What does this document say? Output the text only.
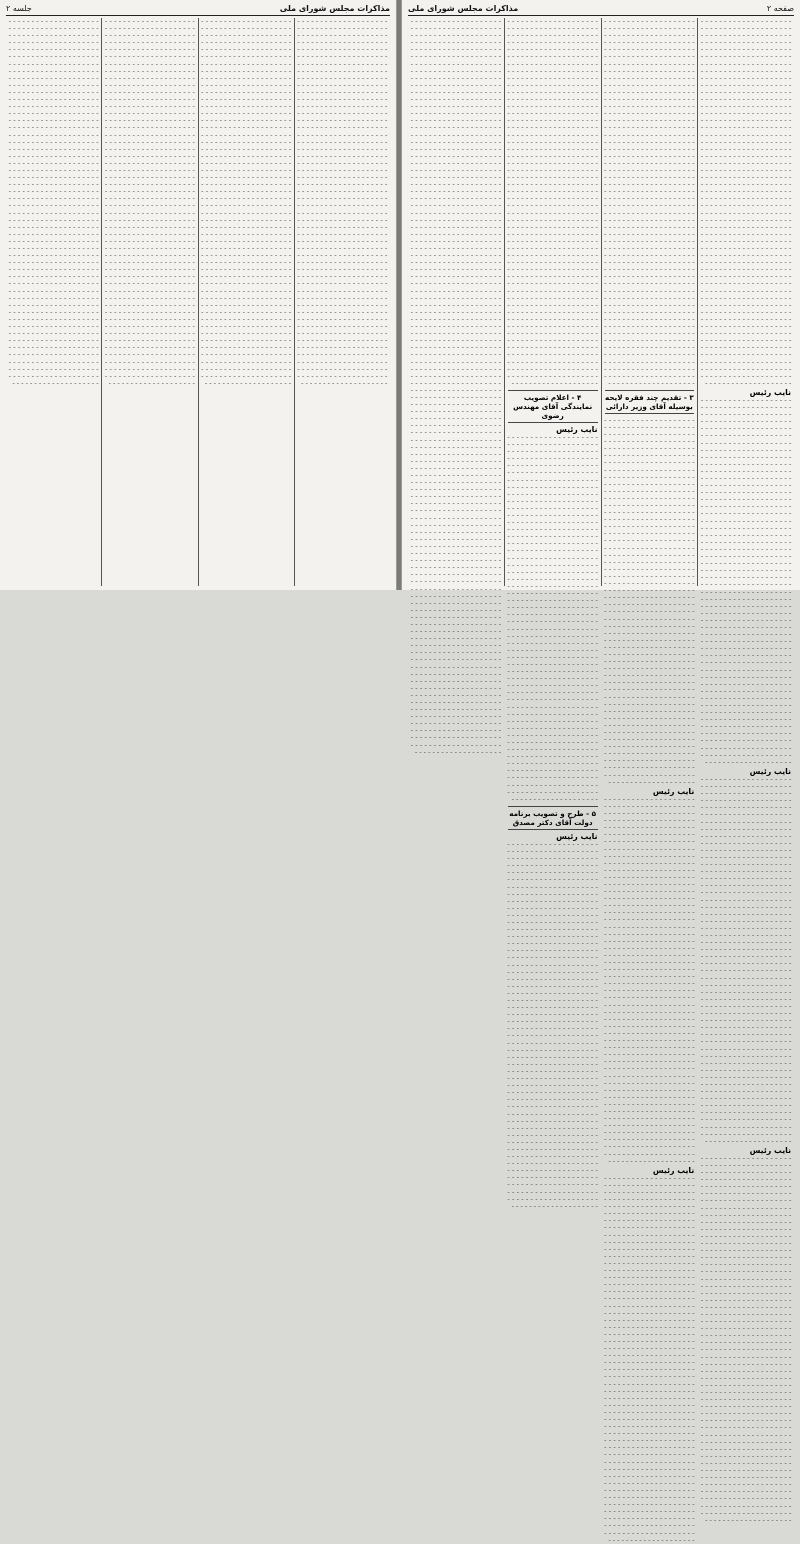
مذاکرات مجلس شورای ملی
جلسه ۲
ـ ـ ـ ـ ـ ـ ـ ـ ـ ـ ـ ـ ـ ـ ـ ـ ـ ـ ـ ـ ـ ـ ـ ـ ـ ـ ـ ـ ـ ـ ـ ـ ـ ـ ـ ـ ـ ـ ـ ـ ـ ـ ـ ـ ـ ـ ـ ـ ـ ـ ـ ـ ـ ـ ـ ـ ـ ـ ـ ـ ـ ـ ـ ـ ـ ـ ـ ـ ـ ـ ـ ـ ـ ـ ـ ـ ـ ـ ـ ـ ـ ـ ـ ـ ـ ـ ـ ـ ـ ـ ـ ـ ـ ـ ـ ـ ـ ـ ـ ـ ـ ـ ـ ـ ـ ـ ـ ـ ـ ـ ـ ـ ـ ـ ـ ـ ـ ـ ـ ـ ـ ـ ـ ـ ـ ـ ـ ـ ـ ـ ـ ـ ـ ـ ـ ـ ـ ـ ـ ـ ـ ـ ـ ـ ـ ـ ـ ـ ـ ـ ـ ـ ـ ـ ـ ـ ـ ـ ـ ـ ـ ـ ـ ـ ـ ـ ـ ـ ـ ـ ـ ـ ـ ـ ـ ـ ـ ـ ـ ـ ـ ـ ـ ـ ـ ـ ـ ـ ـ ـ ـ ـ ـ ـ ـ ـ ـ ـ ـ ـ ـ ـ ـ ـ ـ ـ ـ ـ ـ ـ ـ ـ ـ ـ ـ ـ ـ ـ ـ ـ ـ ـ ـ ـ ـ ـ ـ ـ ـ ـ ـ ـ ـ ـ ـ ـ ـ ـ ـ ـ ـ ـ ـ ـ ـ ـ ـ ـ ـ ـ ـ ـ ـ ـ ـ ـ ـ ـ ـ ـ ـ ـ ـ ـ ـ ـ ـ ـ ـ ـ ـ ـ ـ ـ ـ ـ ـ ـ ـ ـ ـ ـ ـ ـ ـ ـ ـ ـ ـ ـ ـ ـ ـ ـ ـ ـ ـ ـ ـ ـ ـ ـ ـ ـ ـ ـ ـ ـ ـ ـ ـ ـ ـ ـ ـ ـ ـ ـ ـ ـ ـ ـ ـ ـ ـ ـ ـ ـ ـ ـ ـ ـ ـ ـ ـ ـ ـ ـ ـ ـ ـ ـ ـ ـ ـ ـ ـ ـ ـ ـ ـ ـ ـ ـ ـ ـ ـ ـ ـ ـ ـ ـ ـ ـ ـ ـ ـ ـ ـ ـ ـ ـ ـ ـ ـ ـ ـ ـ ـ ـ ـ ـ ـ ـ ـ ـ ـ ـ ـ ـ ـ ـ ـ ـ ـ ـ ـ ـ ـ ـ ـ ـ ـ ـ ـ ـ ـ ـ ـ ـ ـ ـ ـ ـ ـ ـ ـ ـ ـ ـ ـ ـ ـ ـ ـ ـ ـ ـ ـ ـ ـ ـ ـ ـ ـ ـ ـ ـ ـ ـ ـ ـ ـ ـ ـ ـ ـ ـ ـ ـ ـ ـ ـ ـ ـ ـ ـ ـ ـ ـ ـ ـ ـ ـ ـ ـ ـ ـ ـ ـ ـ ـ ـ ـ ـ ـ ـ ـ ـ ـ ـ ـ ـ ـ ـ ـ ـ ـ ـ ـ ـ ـ ـ ـ ـ ـ ـ ـ ـ ـ ـ ـ ـ ـ ـ ـ ـ ـ ـ ـ ـ ـ ـ ـ ـ ـ ـ ـ ـ ـ ـ ـ ـ ـ ـ ـ ـ ـ ـ ـ ـ ـ ـ ـ ـ ـ ـ ـ ـ ـ ـ ـ ـ ـ ـ ـ ـ ـ ـ ـ ـ ـ ـ ـ ـ ـ ـ ـ ـ ـ ـ ـ ـ ـ ـ ـ ـ ـ ـ ـ ـ ـ ـ ـ ـ ـ ـ ـ ـ ـ ـ ـ ـ ـ ـ ـ ـ ـ ـ ـ ـ ـ ـ ـ ـ ـ ـ ـ ـ ـ ـ ـ ـ ـ ـ ـ ـ ـ ـ ـ ـ ـ ـ ـ ـ ـ ـ ـ ـ ـ ـ ـ ـ ـ ـ ـ ـ ـ ـ ـ ـ ـ ـ ـ ـ ـ ـ ـ ـ ـ ـ ـ ـ ـ ـ ـ ـ ـ ـ ـ ـ ـ ـ ـ ـ ـ ـ ـ ـ ـ ـ ـ ـ ـ ـ ـ ـ ـ ـ ـ ـ ـ ـ ـ ـ ـ ـ ـ ـ ـ ـ ـ ـ ـ ـ ـ ـ ـ ـ ـ ـ ـ ـ ـ ـ ـ ـ ـ ـ ـ ـ ـ ـ ـ ـ ـ ـ ـ ـ ـ ـ ـ ـ ـ ـ ـ ـ ـ ـ ـ ـ ـ ـ ـ ـ ـ ـ ـ ـ ـ ـ ـ ـ ـ ـ ـ ـ ـ ـ ـ ـ ـ ـ ـ ـ ـ ـ ـ ـ ـ ـ ـ ـ ـ ـ ـ ـ ـ ـ ـ ـ ـ ـ ـ ـ ـ ـ ـ ـ ـ ـ ـ ـ ـ ـ ـ ـ ـ ـ ـ ـ ـ ـ ـ ـ ـ ـ ـ ـ ـ ـ ـ ـ ـ ـ ـ ـ ـ ـ ـ ـ ـ ـ ـ ـ ـ ـ ـ ـ ـ ـ ـ ـ ـ ـ ـ ـ ـ ـ ـ ـ ـ ـ ـ ـ ـ ـ ـ ـ ـ ـ ـ ـ ـ ـ ـ ـ ـ ـ ـ ـ ـ ـ ـ ـ ـ ـ ـ ـ ـ ـ ـ ـ ـ ـ ـ ـ ـ ـ ـ ـ ـ ـ ـ ـ ـ ـ ـ ـ ـ ـ ـ ـ ـ ـ ـ ـ ـ ـ ـ ـ ـ ـ ـ ـ ـ ـ ـ ـ ـ ـ ـ ـ ـ ـ ـ ـ ـ ـ ـ ـ ـ ـ ـ ـ ـ ـ ـ ـ ـ ـ ـ ـ ـ ـ ـ ـ ـ ـ ـ ـ ـ ـ ـ ـ ـ ـ ـ ـ ـ ـ ـ ـ ـ ـ ـ ـ ـ ـ ـ ـ ـ ـ ـ ـ ـ ـ ـ ـ ـ ـ ـ ـ ـ ـ ـ ـ ـ ـ ـ ـ ـ ـ ـ ـ ـ ـ ـ ـ ـ ـ ـ ـ ـ ـ ـ ـ ـ ـ ـ ـ ـ ـ ـ ـ ـ ـ ـ ـ ـ ـ ـ ـ ـ ـ ـ ـ ـ ـ ـ ـ ـ ـ ـ ـ ـ ـ ـ ـ ـ ـ ـ ـ ـ ـ ـ ـ ـ ـ ـ ـ ـ ـ ـ ـ ـ ـ ـ ـ ـ ـ ـ ـ ـ ـ ـ ـ ـ ـ ـ
ـ ـ ـ ـ ـ ـ ـ ـ ـ ـ ـ ـ ـ ـ ـ ـ ـ ـ ـ ـ ـ ـ ـ ـ ـ ـ ـ ـ ـ ـ ـ ـ ـ ـ ـ ـ ـ ـ ـ ـ ـ ـ ـ ـ ـ ـ ـ ـ ـ ـ ـ ـ ـ ـ ـ ـ ـ ـ ـ ـ ـ ـ ـ ـ ـ ـ ـ ـ ـ ـ ـ ـ ـ ـ ـ ـ ـ ـ ـ ـ ـ ـ ـ ـ ـ ـ ـ ـ ـ ـ ـ ـ ـ ـ ـ ـ ـ ـ ـ ـ ـ ـ ـ ـ ـ ـ ـ ـ ـ ـ ـ ـ ـ ـ ـ ـ ـ ـ ـ ـ ـ ـ ـ ـ ـ ـ ـ ـ ـ ـ ـ ـ ـ ـ ـ ـ ـ ـ ـ ـ ـ ـ ـ ـ ـ ـ ـ ـ ـ ـ ـ ـ ـ ـ ـ ـ ـ ـ ـ ـ ـ ـ ـ ـ ـ ـ ـ ـ ـ ـ ـ ـ ـ ـ ـ ـ ـ ـ ـ ـ ـ ـ ـ ـ ـ ـ ـ ـ ـ ـ ـ ـ ـ ـ ـ ـ ـ ـ ـ ـ ـ ـ ـ ـ ـ ـ ـ ـ ـ ـ ـ ـ ـ ـ ـ ـ ـ ـ ـ ـ ـ ـ ـ ـ ـ ـ ـ ـ ـ ـ ـ ـ ـ ـ ـ ـ ـ ـ ـ ـ ـ ـ ـ ـ ـ ـ ـ ـ ـ ـ ـ ـ ـ ـ ـ ـ ـ ـ ـ ـ ـ ـ ـ ـ ـ ـ ـ ـ ـ ـ ـ ـ ـ ـ ـ ـ ـ ـ ـ ـ ـ ـ ـ ـ ـ ـ ـ ـ ـ ـ ـ ـ ـ ـ ـ ـ ـ ـ ـ ـ ـ ـ ـ ـ ـ ـ ـ ـ ـ ـ ـ ـ ـ ـ ـ ـ ـ ـ ـ ـ ـ ـ ـ ـ ـ ـ ـ ـ ـ ـ ـ ـ ـ ـ ـ ـ ـ ـ ـ ـ ـ ـ ـ ـ ـ ـ ـ ـ ـ ـ ـ ـ ـ ـ ـ ـ ـ ـ ـ ـ ـ ـ ـ ـ ـ ـ ـ ـ ـ ـ ـ ـ ـ ـ ـ ـ ـ ـ ـ ـ ـ ـ ـ ـ ـ ـ ـ ـ ـ ـ ـ ـ ـ ـ ـ ـ ـ ـ ـ ـ ـ ـ ـ ـ ـ ـ ـ ـ ـ ـ ـ ـ ـ ـ ـ ـ ـ ـ ـ ـ ـ ـ ـ ـ ـ ـ ـ ـ ـ ـ ـ ـ ـ ـ ـ ـ ـ ـ ـ ـ ـ ـ ـ ـ ـ ـ ـ ـ ـ ـ ـ ـ ـ ـ ـ ـ ـ ـ ـ ـ ـ ـ ـ ـ ـ ـ ـ ـ ـ ـ ـ ـ ـ ـ ـ ـ ـ ـ ـ ـ ـ ـ ـ ـ ـ ـ ـ ـ ـ ـ ـ ـ ـ ـ ـ ـ ـ ـ ـ ـ ـ ـ ـ ـ ـ ـ ـ ـ ـ ـ ـ ـ ـ ـ ـ ـ ـ ـ ـ ـ ـ ـ ـ ـ ـ ـ ـ ـ ـ ـ ـ ـ ـ ـ ـ ـ ـ ـ ـ ـ ـ ـ ـ ـ ـ ـ ـ ـ ـ ـ ـ ـ ـ ـ ـ ـ ـ ـ ـ ـ ـ ـ ـ ـ ـ ـ ـ ـ ـ ـ ـ ـ ـ ـ ـ ـ ـ ـ ـ ـ ـ ـ ـ ـ ـ ـ ـ ـ ـ ـ ـ ـ ـ ـ ـ ـ ـ ـ ـ ـ ـ ـ ـ ـ ـ ـ ـ ـ ـ ـ ـ ـ ـ ـ ـ ـ ـ ـ ـ ـ ـ ـ ـ ـ ـ ـ ـ ـ ـ ـ ـ ـ ـ ـ ـ ـ ـ ـ ـ ـ ـ ـ ـ ـ ـ ـ ـ ـ ـ ـ ـ ـ ـ ـ ـ ـ ـ ـ ـ ـ ـ ـ ـ ـ ـ ـ ـ ـ ـ ـ ـ ـ ـ ـ ـ ـ ـ ـ ـ ـ ـ ـ ـ ـ ـ ـ ـ ـ ـ ـ ـ ـ ـ ـ ـ ـ ـ ـ ـ ـ ـ ـ ـ ـ ـ ـ ـ ـ ـ ـ ـ ـ ـ ـ ـ ـ ـ ـ ـ ـ ـ ـ ـ ـ ـ ـ ـ ـ ـ ـ ـ ـ ـ ـ ـ ـ ـ ـ ـ ـ ـ ـ ـ ـ ـ ـ ـ ـ ـ ـ ـ ـ ـ ـ ـ ـ ـ ـ ـ ـ ـ ـ ـ ـ ـ ـ ـ ـ ـ ـ ـ ـ ـ ـ ـ ـ ـ ـ ـ ـ ـ ـ ـ ـ ـ ـ ـ ـ ـ ـ ـ ـ ـ ـ ـ ـ ـ ـ ـ ـ ـ ـ ـ ـ ـ ـ ـ ـ ـ ـ ـ ـ ـ ـ ـ ـ ـ ـ ـ ـ ـ ـ ـ ـ ـ ـ ـ ـ ـ ـ ـ ـ ـ ـ ـ ـ ـ ـ ـ ـ ـ ـ ـ ـ ـ ـ ـ ـ ـ ـ ـ ـ ـ ـ ـ ـ ـ ـ ـ ـ ـ ـ ـ ـ ـ ـ ـ ـ ـ ـ ـ ـ ـ ـ ـ ـ ـ ـ ـ ـ ـ ـ ـ ـ ـ ـ ـ ـ ـ ـ ـ ـ ـ ـ ـ ـ ـ ـ ـ ـ ـ ـ ـ ـ ـ ـ ـ ـ ـ ـ ـ ـ ـ ـ ـ ـ ـ ـ ـ ـ ـ ـ ـ ـ ـ ـ ـ ـ ـ ـ ـ ـ ـ ـ ـ ـ ـ ـ ـ ـ ـ ـ ـ ـ ـ ـ ـ ـ ـ ـ ـ ـ ـ ـ ـ ـ ـ ـ ـ ـ ـ ـ ـ ـ ـ ـ ـ ـ ـ ـ ـ ـ ـ ـ ـ ـ ـ ـ ـ ـ ـ ـ ـ ـ ـ ـ ـ ـ ـ ـ ـ ـ ـ ـ ـ ـ ـ ـ ـ ـ ـ ـ ـ ـ ـ ـ ـ ـ ـ ـ ـ ـ ـ ـ ـ ـ ـ ـ ـ ـ ـ ـ ـ ـ ـ ـ ـ ـ ـ ـ ـ ـ ـ ـ ـ ـ ـ ـ ـ ـ
ـ ـ ـ ـ ـ ـ ـ ـ ـ ـ ـ ـ ـ ـ ـ ـ ـ ـ ـ ـ ـ ـ ـ ـ ـ ـ ـ ـ ـ ـ ـ ـ ـ ـ ـ ـ ـ ـ ـ ـ ـ ـ ـ ـ ـ ـ ـ ـ ـ ـ ـ ـ ـ ـ ـ ـ ـ ـ ـ ـ ـ ـ ـ ـ ـ ـ ـ ـ ـ ـ ـ ـ ـ ـ ـ ـ ـ ـ ـ ـ ـ ـ ـ ـ ـ ـ ـ ـ ـ ـ ـ ـ ـ ـ ـ ـ ـ ـ ـ ـ ـ ـ ـ ـ ـ ـ ـ ـ ـ ـ ـ ـ ـ ـ ـ ـ ـ ـ ـ ـ ـ ـ ـ ـ ـ ـ ـ ـ ـ ـ ـ ـ ـ ـ ـ ـ ـ ـ ـ ـ ـ ـ ـ ـ ـ ـ ـ ـ ـ ـ ـ ـ ـ ـ ـ ـ ـ ـ ـ ـ ـ ـ ـ ـ ـ ـ ـ ـ ـ ـ ـ ـ ـ ـ ـ ـ ـ ـ ـ ـ ـ ـ ـ ـ ـ ـ ـ ـ ـ ـ ـ ـ ـ ـ ـ ـ ـ ـ ـ ـ ـ ـ ـ ـ ـ ـ ـ ـ ـ ـ ـ ـ ـ ـ ـ ـ ـ ـ ـ ـ ـ ـ ـ ـ ـ ـ ـ ـ ـ ـ ـ ـ ـ ـ ـ ـ ـ ـ ـ ـ ـ ـ ـ ـ ـ ـ ـ ـ ـ ـ ـ ـ ـ ـ ـ ـ ـ ـ ـ ـ ـ ـ ـ ـ ـ ـ ـ ـ ـ ـ ـ ـ ـ ـ ـ ـ ـ ـ ـ ـ ـ ـ ـ ـ ـ ـ ـ ـ ـ ـ ـ ـ ـ ـ ـ ـ ـ ـ ـ ـ ـ ـ ـ ـ ـ ـ ـ ـ ـ ـ ـ ـ ـ ـ ـ ـ ـ ـ ـ ـ ـ ـ ـ ـ ـ ـ ـ ـ ـ ـ ـ ـ ـ ـ ـ ـ ـ ـ ـ ـ ـ ـ ـ ـ ـ ـ ـ ـ ـ ـ ـ ـ ـ ـ ـ ـ ـ ـ ـ ـ ـ ـ ـ ـ ـ ـ ـ ـ ـ ـ ـ ـ ـ ـ ـ ـ ـ ـ ـ ـ ـ ـ ـ ـ ـ ـ ـ ـ ـ ـ ـ ـ ـ ـ ـ ـ ـ ـ ـ ـ ـ ـ ـ ـ ـ ـ ـ ـ ـ ـ ـ ـ ـ ـ ـ ـ ـ ـ ـ ـ ـ ـ ـ ـ ـ ـ ـ ـ ـ ـ ـ ـ ـ ـ ـ ـ ـ ـ ـ ـ ـ ـ ـ ـ ـ ـ ـ ـ ـ ـ ـ ـ ـ ـ ـ ـ ـ ـ ـ ـ ـ ـ ـ ـ ـ ـ ـ ـ ـ ـ ـ ـ ـ ـ ـ ـ ـ ـ ـ ـ ـ ـ ـ ـ ـ ـ ـ ـ ـ ـ ـ ـ ـ ـ ـ ـ ـ ـ ـ ـ ـ ـ ـ ـ ـ ـ ـ ـ ـ ـ ـ ـ ـ ـ ـ ـ ـ ـ ـ ـ ـ ـ ـ ـ ـ ـ ـ ـ ـ ـ ـ ـ ـ ـ ـ ـ ـ ـ ـ ـ ـ ـ ـ ـ ـ ـ ـ ـ ـ ـ ـ ـ ـ ـ ـ ـ ـ ـ ـ ـ ـ ـ ـ ـ ـ ـ ـ ـ ـ ـ ـ ـ ـ ـ ـ ـ ـ ـ ـ ـ ـ ـ ـ ـ ـ ـ ـ ـ ـ ـ ـ ـ ـ ـ ـ ـ ـ ـ ـ ـ ـ ـ ـ ـ ـ ـ ـ ـ ـ ـ ـ ـ ـ ـ ـ ـ ـ ـ ـ ـ ـ ـ ـ ـ ـ ـ ـ ـ ـ ـ ـ ـ ـ ـ ـ ـ ـ ـ ـ ـ ـ ـ ـ ـ ـ ـ ـ ـ ـ ـ ـ ـ ـ ـ ـ ـ ـ ـ ـ ـ ـ ـ ـ ـ ـ ـ ـ ـ ـ ـ ـ ـ ـ ـ ـ ـ ـ ـ ـ ـ ـ ـ ـ ـ ـ ـ ـ ـ ـ ـ ـ ـ ـ ـ ـ ـ ـ ـ ـ ـ ـ ـ ـ ـ ـ ـ ـ ـ ـ ـ ـ ـ ـ ـ ـ ـ ـ ـ ـ ـ ـ ـ ـ ـ ـ ـ ـ ـ ـ ـ ـ ـ ـ ـ ـ ـ ـ ـ ـ ـ ـ ـ ـ ـ ـ ـ ـ ـ ـ ـ ـ ـ ـ ـ ـ ـ ـ ـ ـ ـ ـ ـ ـ ـ ـ ـ ـ ـ ـ ـ ـ ـ ـ ـ ـ ـ ـ ـ ـ ـ ـ ـ ـ ـ ـ ـ ـ ـ ـ ـ ـ ـ ـ ـ ـ ـ ـ ـ ـ ـ ـ ـ ـ ـ ـ ـ ـ ـ ـ ـ ـ ـ ـ ـ ـ ـ ـ ـ ـ ـ ـ ـ ـ ـ ـ ـ ـ ـ ـ ـ ـ ـ ـ ـ ـ ـ ـ ـ ـ ـ ـ ـ ـ ـ ـ ـ ـ ـ ـ ـ ـ ـ ـ ـ ـ ـ ـ ـ ـ ـ ـ ـ ـ ـ ـ ـ ـ ـ ـ ـ ـ ـ ـ ـ ـ ـ ـ ـ ـ ـ ـ ـ ـ ـ ـ ـ ـ ـ ـ ـ ـ ـ ـ ـ ـ ـ ـ ـ ـ ـ ـ ـ ـ ـ ـ ـ ـ ـ ـ ـ ـ ـ ـ ـ ـ ـ ـ ـ ـ ـ ـ ـ ـ ـ ـ ـ ـ ـ ـ ـ ـ ـ ـ ـ ـ ـ ـ ـ ـ ـ ـ ـ ـ ـ ـ ـ ـ ـ ـ ـ ـ ـ ـ ـ ـ ـ ـ ـ ـ ـ ـ ـ ـ ـ ـ ـ ـ ـ ـ ـ ـ ـ ـ ـ ـ ـ ـ ـ ـ ـ ـ ـ ـ ـ ـ ـ ـ ـ ـ ـ ـ ـ ـ ـ ـ ـ ـ ـ ـ ـ ـ ـ ـ ـ ـ ـ ـ ـ ـ ـ ـ ـ ـ ـ ـ ـ ـ ـ ـ ـ ـ ـ ـ ـ ـ ـ ـ ـ ـ ـ ـ ـ ـ ـ ـ ـ ـ ـ ـ ـ
ـ ـ ـ ـ ـ ـ ـ ـ ـ ـ ـ ـ ـ ـ ـ ـ ـ ـ ـ ـ ـ ـ ـ ـ ـ ـ ـ ـ ـ ـ ـ ـ ـ ـ ـ ـ ـ ـ ـ ـ ـ ـ ـ ـ ـ ـ ـ ـ ـ ـ ـ ـ ـ ـ ـ ـ ـ ـ ـ ـ ـ ـ ـ ـ ـ ـ ـ ـ ـ ـ ـ ـ ـ ـ ـ ـ ـ ـ ـ ـ ـ ـ ـ ـ ـ ـ ـ ـ ـ ـ ـ ـ ـ ـ ـ ـ ـ ـ ـ ـ ـ ـ ـ ـ ـ ـ ـ ـ ـ ـ ـ ـ ـ ـ ـ ـ ـ ـ ـ ـ ـ ـ ـ ـ ـ ـ ـ ـ ـ ـ ـ ـ ـ ـ ـ ـ ـ ـ ـ ـ ـ ـ ـ ـ ـ ـ ـ ـ ـ ـ ـ ـ ـ ـ ـ ـ ـ ـ ـ ـ ـ ـ ـ ـ ـ ـ ـ ـ ـ ـ ـ ـ ـ ـ ـ ـ ـ ـ ـ ـ ـ ـ ـ ـ ـ ـ ـ ـ ـ ـ ـ ـ ـ ـ ـ ـ ـ ـ ـ ـ ـ ـ ـ ـ ـ ـ ـ ـ ـ ـ ـ ـ ـ ـ ـ ـ ـ ـ ـ ـ ـ ـ ـ ـ ـ ـ ـ ـ ـ ـ ـ ـ ـ ـ ـ ـ ـ ـ ـ ـ ـ ـ ـ ـ ـ ـ ـ ـ ـ ـ ـ ـ ـ ـ ـ ـ ـ ـ ـ ـ ـ ـ ـ ـ ـ ـ ـ ـ ـ ـ ـ ـ ـ ـ ـ ـ ـ ـ ـ ـ ـ ـ ـ ـ ـ ـ ـ ـ ـ ـ ـ ـ ـ ـ ـ ـ ـ ـ ـ ـ ـ ـ ـ ـ ـ ـ ـ ـ ـ ـ ـ ـ ـ ـ ـ ـ ـ ـ ـ ـ ـ ـ ـ ـ ـ ـ ـ ـ ـ ـ ـ ـ ـ ـ ـ ـ ـ ـ ـ ـ ـ ـ ـ ـ ـ ـ ـ ـ ـ ـ ـ ـ ـ ـ ـ ـ ـ ـ ـ ـ ـ ـ ـ ـ ـ ـ ـ ـ ـ ـ ـ ـ ـ ـ ـ ـ ـ ـ ـ ـ ـ ـ ـ ـ ـ ـ ـ ـ ـ ـ ـ ـ ـ ـ ـ ـ ـ ـ ـ ـ ـ ـ ـ ـ ـ ـ ـ ـ ـ ـ ـ ـ ـ ـ ـ ـ ـ ـ ـ ـ ـ ـ ـ ـ ـ ـ ـ ـ ـ ـ ـ ـ ـ ـ ـ ـ ـ ـ ـ ـ ـ ـ ـ ـ ـ ـ ـ ـ ـ ـ ـ ـ ـ ـ ـ ـ ـ ـ ـ ـ ـ ـ ـ ـ ـ ـ ـ ـ ـ ـ ـ ـ ـ ـ ـ ـ ـ ـ ـ ـ ـ ـ ـ ـ ـ ـ ـ ـ ـ ـ ـ ـ ـ ـ ـ ـ ـ ـ ـ ـ ـ ـ ـ ـ ـ ـ ـ ـ ـ ـ ـ ـ ـ ـ ـ ـ ـ ـ ـ ـ ـ ـ ـ ـ ـ ـ ـ ـ ـ ـ ـ ـ ـ ـ ـ ـ ـ ـ ـ ـ ـ ـ ـ ـ ـ ـ ـ ـ ـ ـ ـ ـ ـ ـ ـ ـ ـ ـ ـ ـ ـ ـ ـ ـ ـ ـ ـ ـ ـ ـ ـ ـ ـ ـ ـ ـ ـ ـ ـ ـ ـ ـ ـ ـ ـ ـ ـ ـ ـ ـ ـ ـ ـ ـ ـ ـ ـ ـ ـ ـ ـ ـ ـ ـ ـ ـ ـ ـ ـ ـ ـ ـ ـ ـ ـ ـ ـ ـ ـ ـ ـ ـ ـ ـ ـ ـ ـ ـ ـ ـ ـ ـ ـ ـ ـ ـ ـ ـ ـ ـ ـ ـ ـ ـ ـ ـ ـ ـ ـ ـ ـ ـ ـ ـ ـ ـ ـ ـ ـ ـ ـ ـ ـ ـ ـ ـ ـ ـ ـ ـ ـ ـ ـ ـ ـ ـ ـ ـ ـ ـ ـ ـ ـ ـ ـ ـ ـ ـ ـ ـ ـ ـ ـ ـ ـ ـ ـ ـ ـ ـ ـ ـ ـ ـ ـ ـ ـ ـ ـ ـ ـ ـ ـ ـ ـ ـ ـ ـ ـ ـ ـ ـ ـ ـ ـ ـ ـ ـ ـ ـ ـ ـ ـ ـ ـ ـ ـ ـ ـ ـ ـ ـ ـ ـ ـ ـ ـ ـ ـ ـ ـ ـ ـ ـ ـ ـ ـ ـ ـ ـ ـ ـ ـ ـ ـ ـ ـ ـ ـ ـ ـ ـ ـ ـ ـ ـ ـ ـ ـ ـ ـ ـ ـ ـ ـ ـ ـ ـ ـ ـ ـ ـ ـ ـ ـ ـ ـ ـ ـ ـ ـ ـ ـ ـ ـ ـ ـ ـ ـ ـ ـ ـ ـ ـ ـ ـ ـ ـ ـ ـ ـ ـ ـ ـ ـ ـ ـ ـ ـ ـ ـ ـ ـ ـ ـ ـ ـ ـ ـ ـ ـ ـ ـ ـ ـ ـ ـ ـ ـ ـ ـ ـ ـ ـ ـ ـ ـ ـ ـ ـ ـ ـ ـ ـ ـ ـ ـ ـ ـ ـ ـ ـ ـ ـ ـ ـ ـ ـ ـ ـ ـ ـ ـ ـ ـ ـ ـ ـ ـ ـ ـ ـ ـ ـ ـ ـ ـ ـ ـ ـ ـ ـ ـ ـ ـ ـ ـ ـ ـ ـ ـ ـ ـ ـ ـ ـ ـ ـ ـ ـ ـ ـ ـ ـ ـ ـ ـ ـ ـ ـ ـ ـ ـ ـ ـ ـ ـ ـ ـ ـ ـ ـ ـ ـ ـ ـ ـ ـ ـ ـ ـ ـ ـ ـ ـ ـ ـ ـ ـ ـ ـ ـ ـ ـ ـ ـ ـ ـ ـ ـ ـ ـ ـ ـ ـ ـ ـ ـ ـ ـ ـ ـ ـ ـ ـ ـ ـ ـ ـ ـ ـ ـ ـ ـ ـ ـ ـ ـ ـ ـ ـ ـ ـ ـ ـ ـ ـ ـ ـ ـ ـ ـ ـ ـ ـ ـ ـ ـ ـ ـ ـ ـ ـ ـ ـ ـ ـ ـ ـ ـ ـ ـ ـ ـ ـ ـ ـ ـ ـ ـ
صفحه ۲
مذاکرات مجلس شورای ملی
ـ ـ ـ ـ ـ ـ ـ ـ ـ ـ ـ ـ ـ ـ ـ ـ ـ ـ ـ ـ ـ ـ ـ ـ ـ ـ ـ ـ ـ ـ ـ ـ ـ ـ ـ ـ ـ ـ ـ ـ ـ ـ ـ ـ ـ ـ ـ ـ ـ ـ ـ ـ ـ ـ ـ ـ ـ ـ ـ ـ ـ ـ ـ ـ ـ ـ ـ ـ ـ ـ ـ ـ ـ ـ ـ ـ ـ ـ ـ ـ ـ ـ ـ ـ ـ ـ ـ ـ ـ ـ ـ ـ ـ ـ ـ ـ ـ ـ ـ ـ ـ ـ ـ ـ ـ ـ ـ ـ ـ ـ ـ ـ ـ ـ ـ ـ ـ ـ ـ ـ ـ ـ ـ ـ ـ ـ ـ ـ ـ ـ ـ ـ ـ ـ ـ ـ ـ ـ ـ ـ ـ ـ ـ ـ ـ ـ ـ ـ ـ ـ ـ ـ ـ ـ ـ ـ ـ ـ ـ ـ ـ ـ ـ ـ ـ ـ ـ ـ ـ ـ ـ ـ ـ ـ ـ ـ ـ ـ ـ ـ ـ ـ ـ ـ ـ ـ ـ ـ ـ ـ ـ ـ ـ ـ ـ ـ ـ ـ ـ ـ ـ ـ ـ ـ ـ ـ ـ ـ ـ ـ ـ ـ ـ ـ ـ ـ ـ ـ ـ ـ ـ ـ ـ ـ ـ ـ ـ ـ ـ ـ ـ ـ ـ ـ ـ ـ ـ ـ ـ ـ ـ ـ ـ ـ ـ ـ ـ ـ ـ ـ ـ ـ ـ ـ ـ ـ ـ ـ ـ ـ ـ ـ ـ ـ ـ ـ ـ ـ ـ ـ ـ ـ ـ ـ ـ ـ ـ ـ ـ ـ ـ ـ ـ ـ ـ ـ ـ ـ ـ ـ ـ ـ ـ ـ ـ ـ ـ ـ ـ ـ ـ ـ ـ ـ ـ ـ ـ ـ ـ ـ ـ ـ ـ ـ ـ ـ ـ ـ ـ ـ ـ ـ ـ ـ ـ ـ ـ ـ ـ ـ ـ ـ ـ ـ ـ ـ ـ ـ ـ ـ ـ ـ ـ ـ ـ ـ ـ ـ ـ ـ ـ ـ ـ ـ ـ ـ ـ ـ ـ ـ ـ ـ ـ ـ ـ ـ ـ ـ ـ ـ ـ ـ ـ ـ ـ ـ ـ ـ ـ ـ ـ ـ ـ ـ ـ ـ ـ ـ ـ ـ ـ ـ ـ ـ ـ ـ ـ ـ ـ ـ ـ ـ ـ ـ ـ ـ ـ ـ ـ ـ ـ ـ ـ ـ ـ ـ ـ ـ ـ ـ ـ ـ ـ ـ ـ ـ ـ ـ ـ ـ ـ ـ ـ ـ ـ ـ ـ ـ ـ ـ ـ ـ ـ ـ ـ ـ ـ ـ ـ ـ ـ ـ ـ ـ ـ ـ ـ ـ ـ ـ ـ ـ ـ ـ ـ ـ ـ ـ ـ ـ ـ ـ ـ ـ ـ ـ ـ ـ ـ ـ ـ ـ ـ ـ ـ ـ ـ ـ ـ ـ ـ ـ ـ ـ ـ ـ ـ ـ ـ ـ ـ ـ ـ ـ ـ ـ ـ ـ ـ ـ ـ ـ ـ ـ ـ ـ ـ ـ ـ ـ ـ ـ ـ ـ ـ ـ ـ ـ ـ ـ ـ ـ ـ ـ ـ ـ ـ ـ ـ ـ ـ ـ ـ ـ ـ ـ ـ ـ ـ ـ ـ ـ ـ ـ ـ ـ ـ ـ ـ ـ ـ ـ ـ ـ ـ ـ ـ ـ ـ ـ ـ ـ ـ ـ ـ ـ ـ ـ ـ ـ ـ ـ ـ ـ ـ ـ ـ ـ ـ ـ ـ ـ ـ ـ ـ ـ ـ ـ ـ ـ ـ ـ ـ ـ ـ ـ ـ ـ ـ ـ ـ ـ ـ ـ ـ ـ ـ ـ ـ ـ ـ ـ ـ ـ ـ ـ ـ ـ ـ ـ ـ ـ ـ ـ ـ ـ ـ ـ ـ ـ ـ ـ ـ ـ ـ ـ ـ ـ ـ ـ ـ ـ ـ ـ ـ ـ ـ ـ ـ ـ ـ ـ ـ ـ ـ ـ ـ ـ ـ ـ ـ ـ ـ ـ ـ ـ ـ ـ ـ ـ ـ ـ ـ ـ ـ ـ ـ ـ ـ ـ ـ ـ ـ ـ ـ ـ ـ ـ ـ ـ ـ ـ ـ ـ ـ ـ ـ ـ ـ ـ ـ ـ ـ ـ ـ ـ ـ ـ ـ ـ ـ ـ ـ ـ ـ ـ ـ ـ ـ ـ ـ ـ ـ ـ ـ ـ ـ ـ ـ ـ ـ ـ ـ ـ ـ ـ ـ ـ ـ ـ ـ ـ ـ ـ ـ ـ ـ ـ ـ ـ ـ ـ ـ ـ ـ ـ ـ ـ ـ ـ ـ ـ ـ ـ ـ ـ ـ ـ ـ ـ ـ ـ ـ ـ ـ ـ ـ ـ ـ ـ ـ ـ ـ ـ ـ ـ ـ ـ ـ ـ ـ ـ ـ ـ ـ ـ ـ ـ ـ ـ ـ ـ ـ ـ ـ ـ ـ ـ ـ ـ ـ ـ ـ ـ ـ ـ ـ ـ ـ ـ ـ ـ ـ ـ ـ ـ ـ ـ ـ ـ ـ ـ ـ ـ ـ ـ ـ ـ ـ ـ ـ ـ ـ ـ ـ ـ ـ ـ ـ ـ ـ ـ ـ ـ ـ ـ ـ ـ ـ ـ ـ ـ ـ ـ ـ ـ ـ ـ ـ ـ ـ ـ ـ ـ ـ ـ ـ ـ ـ ـ ـ ـ ـ ـ ـ ـ ـ ـ ـ ـ ـ ـ ـ ـ ـ ـ ـ ـ ـ ـ ـ ـ ـ ـ ـ ـ ـ ـ ـ ـ ـ ـ ـ ـ ـ ـ ـ ـ ـ ـ ـ ـ ـ ـ ـ ـ ـ ـ ـ ـ ـ ـ ـ ـ ـ ـ ـ ـ ـ ـ ـ ـ ـ ـ ـ ـ ـ ـ ـ ـ ـ ـ ـ ـ ـ ـ ـ ـ ـ ـ ـ ـ ـ ـ ـ ـ ـ ـ ـ ـ ـ ـ ـ ـ ـ ـ ـ ـ ـ ـ ـ ـ ـ ـ ـ ـ ـ ـ ـ ـ ـ ـ ـ ـ ـ ـ ـ ـ ـ ـ ـ ـ ـ ـ ـ ـ ـ ـ ـ ـ ـ ـ ـ ـ ـ ـ ـ ـ ـ ـ ـ ـ ـ ـ ـ ـ ـ ـ ـ ـ
نایب رئیس
ـ ـ ـ ـ ـ ـ ـ ـ ـ ـ ـ ـ ـ ـ ـ ـ ـ ـ ـ ـ ـ ـ ـ ـ ـ ـ ـ ـ ـ ـ ـ ـ ـ ـ ـ ـ ـ ـ ـ ـ ـ ـ ـ ـ ـ ـ ـ ـ ـ ـ ـ ـ ـ ـ ـ ـ ـ ـ ـ ـ ـ ـ ـ ـ ـ ـ ـ ـ ـ ـ ـ ـ ـ ـ ـ ـ ـ ـ ـ ـ ـ ـ ـ ـ ـ ـ ـ ـ ـ ـ ـ ـ ـ ـ ـ ـ ـ ـ ـ ـ ـ ـ ـ ـ ـ ـ ـ ـ ـ ـ ـ ـ ـ ـ ـ ـ ـ ـ ـ ـ ـ ـ ـ ـ ـ ـ ـ ـ ـ ـ ـ ـ ـ ـ ـ ـ ـ ـ ـ ـ ـ ـ ـ ـ ـ ـ ـ ـ ـ ـ ـ ـ ـ ـ ـ ـ ـ ـ ـ ـ ـ ـ ـ ـ ـ ـ ـ ـ ـ ـ ـ ـ ـ ـ ـ ـ ـ ـ ـ ـ ـ ـ ـ ـ ـ ـ ـ ـ ـ ـ ـ ـ ـ ـ ـ ـ ـ ـ ـ ـ ـ ـ ـ ـ ـ ـ ـ ـ ـ ـ ـ ـ ـ ـ ـ ـ ـ ـ ـ ـ ـ ـ ـ ـ ـ ـ ـ ـ ـ ـ ـ ـ ـ ـ ـ ـ ـ ـ ـ ـ ـ ـ ـ ـ ـ ـ ـ ـ ـ ـ ـ ـ ـ ـ ـ ـ ـ ـ ـ ـ ـ ـ ـ ـ ـ ـ ـ ـ ـ ـ ـ ـ ـ ـ ـ ـ ـ ـ ـ ـ ـ ـ ـ ـ ـ ـ ـ ـ ـ ـ ـ ـ ـ ـ ـ ـ ـ ـ ـ ـ ـ ـ ـ ـ ـ ـ ـ ـ ـ ـ ـ ـ ـ ـ ـ ـ ـ ـ ـ ـ ـ ـ ـ ـ ـ ـ ـ ـ ـ ـ ـ ـ ـ ـ ـ ـ ـ ـ ـ ـ ـ ـ ـ ـ ـ ـ ـ ـ ـ ـ ـ ـ ـ ـ ـ ـ ـ ـ ـ ـ ـ ـ ـ ـ ـ ـ ـ ـ ـ ـ ـ ـ ـ ـ ـ ـ ـ ـ ـ ـ ـ ـ ـ ـ ـ ـ ـ ـ ـ ـ ـ ـ ـ ـ ـ ـ ـ ـ ـ ـ ـ ـ ـ ـ ـ ـ ـ ـ ـ ـ ـ ـ ـ ـ ـ ـ ـ ـ ـ ـ ـ ـ ـ ـ ـ ـ ـ ـ ـ ـ ـ ـ ـ ـ ـ ـ ـ ـ ـ ـ ـ ـ ـ ـ ـ ـ ـ ـ ـ ـ ـ ـ ـ ـ ـ ـ ـ ـ ـ ـ ـ ـ ـ ـ ـ ـ ـ ـ ـ ـ ـ ـ ـ ـ ـ ـ ـ ـ ـ ـ ـ ـ ـ ـ ـ ـ ـ ـ ـ ـ ـ ـ ـ ـ ـ ـ ـ ـ ـ ـ ـ ـ ـ ـ ـ ـ ـ ـ ـ ـ ـ ـ ـ ـ ـ ـ ـ ـ ـ ـ ـ ـ ـ ـ ـ ـ ـ ـ ـ ـ ـ ـ ـ ـ ـ ـ ـ ـ ـ ـ ـ ـ ـ ـ ـ ـ ـ ـ ـ ـ ـ ـ ـ ـ ـ ـ ـ ـ ـ ـ ـ ـ ـ ـ ـ ـ ـ ـ ـ ـ ـ ـ ـ ـ ـ ـ ـ ـ ـ ـ ـ ـ ـ ـ ـ ـ ـ ـ ـ ـ ـ ـ ـ ـ ـ ـ ـ ـ ـ ـ ـ ـ ـ ـ ـ ـ ـ ـ ـ ـ ـ ـ ـ ـ ـ ـ ـ ـ ـ ـ ـ ـ ـ ـ ـ ـ ـ ـ ـ ـ ـ ـ ـ ـ ـ ـ ـ ـ ـ ـ ـ ـ ـ ـ ـ ـ ـ ـ ـ ـ ـ ـ ـ ـ ـ ـ ـ ـ ـ ـ ـ ـ ـ ـ ـ ـ ـ ـ ـ ـ ـ ـ ـ ـ ـ ـ ـ ـ ـ ـ ـ ـ ـ ـ ـ ـ ـ ـ ـ ـ ـ ـ ـ ـ ـ ـ ـ ـ ـ ـ ـ ـ ـ ـ ـ ـ ـ ـ ـ ـ ـ ـ ـ ـ ـ ـ ـ ـ ـ ـ ـ ـ ـ ـ ـ ـ ـ ـ ـ ـ ـ ـ ـ ـ ـ ـ ـ ـ ـ ـ ـ ـ ـ ـ ـ ـ ـ ـ ـ ـ ـ ـ ـ ـ ـ ـ ـ ـ ـ ـ ـ ـ ـ ـ ـ ـ ـ ـ ـ ـ ـ ـ ـ ـ ـ ـ ـ ـ ـ ـ ـ ـ ـ ـ ـ ـ ـ ـ ـ ـ ـ ـ ـ ـ ـ ـ ـ ـ ـ ـ ـ ـ ـ ـ ـ ـ ـ ـ ـ ـ ـ ـ ـ ـ ـ ـ ـ ـ ـ ـ ـ ـ ـ ـ ـ ـ ـ ـ ـ ـ ـ ـ ـ ـ ـ ـ ـ ـ ـ ـ ـ ـ ـ ـ ـ ـ ـ ـ ـ ـ ـ ـ ـ ـ ـ ـ ـ ـ ـ ـ ـ ـ ـ ـ ـ ـ ـ ـ ـ ـ ـ ـ ـ ـ ـ ـ ـ ـ ـ ـ ـ ـ ـ ـ ـ ـ ـ ـ ـ ـ ـ ـ ـ ـ ـ ـ ـ ـ ـ ـ ـ ـ ـ ـ ـ ـ ـ ـ ـ ـ ـ ـ ـ ـ ـ ـ ـ ـ ـ ـ ـ ـ ـ ـ ـ ـ ـ ـ ـ ـ ـ ـ ـ ـ ـ ـ ـ ـ ـ ـ ـ ـ ـ ـ ـ ـ ـ ـ ـ ـ ـ ـ ـ ـ ـ ـ ـ ـ ـ ـ ـ ـ ـ ـ ـ ـ ـ ـ ـ ـ ـ ـ ـ ـ ـ ـ ـ ـ ـ ـ ـ ـ ـ ـ ـ ـ ـ ـ ـ ـ ـ ـ ـ ـ ـ ـ ـ ـ ـ ـ ـ ـ ـ ـ ـ ـ ـ ـ ـ ـ ـ ـ ـ ـ ـ ـ ـ ـ ـ ـ ـ ـ ـ ـ ـ ـ ـ ـ ـ ـ ـ ـ ـ ـ ـ ـ ـ ـ ـ ـ
نایب رئیس
ـ ـ ـ ـ ـ ـ ـ ـ ـ ـ ـ ـ ـ ـ ـ ـ ـ ـ ـ ـ ـ ـ ـ ـ ـ ـ ـ ـ ـ ـ ـ ـ ـ ـ ـ ـ ـ ـ ـ ـ ـ ـ ـ ـ ـ ـ ـ ـ ـ ـ ـ ـ ـ ـ ـ ـ ـ ـ ـ ـ ـ ـ ـ ـ ـ ـ ـ ـ ـ ـ ـ ـ ـ ـ ـ ـ ـ ـ ـ ـ ـ ـ ـ ـ ـ ـ ـ ـ ـ ـ ـ ـ ـ ـ ـ ـ ـ ـ ـ ـ ـ ـ ـ ـ ـ ـ ـ ـ ـ ـ ـ ـ ـ ـ ـ ـ ـ ـ ـ ـ ـ ـ ـ ـ ـ ـ ـ ـ ـ ـ ـ ـ ـ ـ ـ ـ ـ ـ ـ ـ ـ ـ ـ ـ ـ ـ ـ ـ ـ ـ ـ ـ ـ ـ ـ ـ ـ ـ ـ ـ ـ ـ ـ ـ ـ ـ ـ ـ ـ ـ ـ ـ ـ ـ ـ ـ ـ ـ ـ ـ ـ ـ ـ ـ ـ ـ ـ ـ ـ ـ ـ ـ ـ ـ ـ ـ ـ ـ ـ ـ ـ ـ ـ ـ ـ ـ ـ ـ ـ ـ ـ ـ ـ ـ ـ ـ ـ ـ ـ ـ ـ ـ ـ ـ ـ ـ ـ ـ ـ ـ ـ ـ ـ ـ ـ ـ ـ ـ ـ ـ ـ ـ ـ ـ ـ ـ ـ ـ ـ ـ ـ ـ ـ ـ ـ ـ ـ ـ ـ ـ ـ ـ ـ ـ ـ ـ ـ ـ ـ ـ ـ ـ ـ ـ ـ ـ ـ ـ ـ ـ ـ ـ ـ ـ ـ ـ ـ ـ ـ ـ ـ ـ ـ ـ ـ ـ ـ ـ ـ ـ ـ ـ ـ ـ ـ ـ ـ ـ ـ ـ ـ ـ ـ ـ ـ ـ ـ ـ ـ ـ ـ ـ ـ ـ ـ ـ ـ ـ ـ ـ ـ ـ ـ ـ ـ ـ ـ ـ ـ ـ ـ ـ ـ ـ ـ ـ ـ ـ ـ ـ ـ ـ ـ ـ ـ ـ ـ ـ ـ ـ ـ ـ ـ ـ ـ ـ ـ ـ ـ ـ ـ ـ ـ ـ ـ ـ ـ ـ ـ ـ ـ ـ ـ ـ ـ ـ ـ ـ ـ ـ ـ ـ ـ ـ ـ ـ ـ ـ ـ ـ ـ ـ ـ ـ ـ ـ ـ ـ ـ ـ ـ ـ ـ ـ ـ ـ ـ ـ ـ ـ ـ ـ ـ ـ ـ ـ ـ ـ ـ ـ ـ ـ ـ ـ ـ ـ ـ ـ ـ ـ ـ ـ ـ ـ ـ ـ ـ ـ ـ ـ ـ ـ ـ ـ ـ ـ ـ ـ ـ ـ ـ ـ ـ ـ ـ ـ ـ ـ ـ ـ ـ ـ ـ ـ ـ ـ ـ ـ ـ ـ ـ ـ ـ ـ ـ ـ ـ ـ ـ ـ ـ ـ ـ ـ ـ ـ ـ ـ ـ ـ ـ ـ ـ ـ ـ ـ ـ ـ ـ ـ ـ ـ ـ ـ ـ ـ ـ ـ ـ ـ ـ ـ ـ ـ ـ ـ ـ ـ ـ ـ ـ ـ ـ ـ ـ ـ ـ ـ ـ ـ ـ ـ ـ ـ ـ ـ ـ ـ ـ ـ ـ ـ ـ ـ ـ ـ ـ ـ ـ ـ ـ ـ ـ ـ ـ ـ ـ ـ ـ ـ ـ ـ ـ ـ ـ ـ ـ ـ ـ ـ ـ ـ ـ ـ ـ ـ ـ ـ ـ ـ ـ ـ ـ ـ ـ ـ ـ ـ ـ ـ ـ ـ ـ ـ ـ ـ ـ ـ ـ ـ ـ ـ ـ ـ ـ ـ ـ ـ ـ ـ ـ ـ ـ ـ ـ ـ ـ ـ ـ ـ ـ ـ ـ ـ ـ ـ ـ ـ ـ ـ ـ ـ ـ ـ ـ ـ ـ ـ ـ ـ ـ ـ ـ ـ ـ ـ ـ ـ ـ ـ ـ ـ ـ ـ ـ ـ ـ ـ ـ ـ ـ ـ ـ ـ ـ ـ ـ ـ ـ ـ ـ ـ ـ ـ ـ ـ ـ ـ ـ ـ ـ ـ ـ ـ ـ ـ ـ ـ ـ ـ ـ ـ ـ ـ ـ ـ ـ ـ ـ ـ ـ ـ ـ ـ ـ ـ ـ ـ ـ ـ ـ ـ ـ ـ ـ ـ ـ ـ ـ ـ ـ ـ ـ ـ ـ ـ ـ ـ ـ ـ ـ ـ ـ ـ ـ ـ ـ ـ ـ ـ ـ ـ ـ ـ ـ ـ ـ ـ ـ ـ ـ ـ ـ ـ ـ ـ ـ ـ ـ ـ ـ ـ ـ ـ ـ ـ ـ ـ ـ ـ ـ ـ ـ ـ ـ ـ ـ ـ ـ ـ ـ ـ ـ ـ ـ ـ ـ ـ ـ ـ ـ ـ ـ ـ ـ ـ ـ ـ ـ ـ ـ ـ ـ ـ ـ ـ ـ ـ ـ ـ ـ ـ ـ ـ ـ ـ ـ ـ ـ ـ ـ ـ ـ ـ ـ ـ ـ ـ ـ ـ ـ ـ ـ ـ ـ ـ ـ ـ ـ ـ ـ ـ ـ ـ ـ ـ ـ ـ ـ ـ ـ ـ ـ ـ ـ ـ ـ ـ ـ ـ ـ ـ ـ ـ ـ ـ ـ ـ ـ ـ ـ ـ ـ ـ ـ ـ ـ ـ ـ ـ ـ ـ ـ ـ ـ ـ ـ ـ ـ ـ ـ ـ ـ ـ ـ ـ ـ ـ ـ ـ ـ ـ ـ ـ ـ ـ ـ ـ ـ ـ ـ ـ ـ ـ ـ ـ ـ ـ ـ ـ ـ ـ ـ ـ ـ ـ ـ ـ ـ ـ ـ ـ ـ ـ ـ ـ ـ ـ ـ ـ ـ ـ ـ ـ ـ ـ ـ ـ ـ ـ ـ ـ ـ ـ ـ ـ ـ ـ ـ ـ ـ ـ ـ ـ ـ ـ ـ ـ ـ ـ ـ ـ ـ ـ ـ ـ ـ ـ ـ ـ ـ ـ ـ ـ ـ ـ ـ ـ ـ ـ ـ ـ ـ ـ ـ ـ ـ ـ ـ ـ ـ ـ ـ ـ ـ ـ ـ ـ ـ ـ ـ ـ ـ ـ ـ ـ ـ ـ ـ ـ ـ ـ ـ ـ ـ ـ ـ ـ ـ ـ
نایب رئیس
ـ ـ ـ ـ ـ ـ ـ ـ ـ ـ ـ ـ ـ ـ ـ ـ ـ ـ ـ ـ ـ ـ ـ ـ ـ ـ ـ ـ ـ ـ ـ ـ ـ ـ ـ ـ ـ ـ ـ ـ ـ ـ ـ ـ ـ ـ ـ ـ ـ ـ ـ ـ ـ ـ ـ ـ ـ ـ ـ ـ ـ ـ ـ ـ ـ ـ ـ ـ ـ ـ ـ ـ ـ ـ ـ ـ ـ ـ ـ ـ ـ ـ ـ ـ ـ ـ ـ ـ ـ ـ ـ ـ ـ ـ ـ ـ ـ ـ ـ ـ ـ ـ ـ ـ ـ ـ ـ ـ ـ ـ ـ ـ ـ ـ ـ ـ ـ ـ ـ ـ ـ ـ ـ ـ ـ ـ ـ ـ ـ ـ ـ ـ ـ ـ ـ ـ ـ ـ ـ ـ ـ ـ ـ ـ ـ ـ ـ ـ ـ ـ ـ ـ ـ ـ ـ ـ ـ ـ ـ ـ ـ ـ ـ ـ ـ ـ ـ ـ ـ ـ ـ ـ ـ ـ ـ ـ ـ ـ ـ ـ ـ ـ ـ ـ ـ ـ ـ ـ ـ ـ ـ ـ ـ ـ ـ ـ ـ ـ ـ ـ ـ ـ ـ ـ ـ ـ ـ ـ ـ ـ ـ ـ ـ ـ ـ ـ ـ ـ ـ ـ ـ ـ ـ ـ ـ ـ ـ ـ ـ ـ ـ ـ ـ ـ ـ ـ ـ ـ ـ ـ ـ ـ ـ ـ ـ ـ ـ ـ ـ ـ ـ ـ ـ ـ ـ ـ ـ ـ ـ ـ ـ ـ ـ ـ ـ ـ ـ ـ ـ ـ ـ ـ ـ ـ ـ ـ ـ ـ ـ ـ ـ ـ ـ ـ ـ ـ ـ ـ ـ ـ ـ ـ ـ ـ ـ ـ ـ ـ ـ ـ ـ ـ ـ ـ ـ ـ ـ ـ ـ ـ ـ ـ ـ ـ ـ ـ ـ ـ ـ ـ ـ ـ ـ ـ ـ ـ ـ ـ ـ ـ ـ ـ ـ ـ ـ ـ ـ ـ ـ ـ ـ ـ ـ ـ ـ ـ ـ ـ ـ ـ ـ ـ ـ ـ ـ ـ ـ ـ ـ ـ ـ ـ ـ ـ ـ ـ ـ ـ ـ ـ ـ ـ ـ ـ ـ ـ ـ ـ ـ ـ ـ ـ ـ ـ ـ ـ ـ ـ ـ ـ ـ ـ ـ ـ ـ ـ ـ ـ ـ ـ ـ ـ ـ ـ ـ ـ ـ ـ ـ ـ ـ ـ ـ ـ ـ ـ ـ ـ ـ ـ ـ ـ ـ ـ ـ ـ ـ ـ ـ ـ ـ ـ ـ ـ ـ ـ ـ ـ ـ ـ ـ ـ ـ ـ ـ ـ ـ ـ ـ ـ ـ ـ ـ ـ ـ ـ ـ ـ ـ ـ ـ ـ ـ ـ ـ ـ ـ ـ ـ ـ ـ ـ ـ ـ ـ ـ ـ ـ ـ ـ ـ ـ ـ ـ ـ ـ ـ ـ ـ ـ ـ ـ ـ ـ ـ ـ ـ ـ ـ ـ ـ ـ ـ ـ ـ ـ ـ ـ ـ ـ ـ ـ ـ ـ ـ ـ ـ ـ ـ ـ ـ ـ ـ ـ ـ ـ ـ ـ ـ ـ ـ ـ ـ ـ ـ ـ ـ ـ ـ ـ ـ ـ ـ ـ ـ ـ ـ ـ ـ ـ ـ ـ ـ ـ ـ ـ ـ ـ ـ ـ ـ ـ ـ ـ ـ ـ ـ ـ ـ ـ ـ ـ ـ ـ ـ ـ ـ ـ ـ ـ ـ ـ ـ ـ ـ ـ ـ ـ ـ ـ ـ ـ ـ ـ ـ ـ ـ ـ ـ ـ ـ ـ ـ ـ ـ ـ ـ ـ ـ ـ ـ ـ ـ ـ ـ ـ ـ ـ ـ ـ ـ ـ ـ ـ ـ ـ ـ ـ ـ ـ ـ ـ ـ ـ ـ ـ ـ ـ ـ ـ ـ ـ ـ ـ ـ ـ ـ ـ ـ ـ ـ ـ ـ ـ ـ ـ ـ ـ ـ ـ ـ ـ ـ ـ ـ ـ ـ ـ ـ ـ ـ ـ ـ ـ ـ ـ ـ ـ ـ ـ ـ ـ ـ ـ ـ ـ ـ ـ ـ ـ ـ ـ ـ ـ ـ ـ ـ ـ ـ ـ ـ ـ ـ ـ ـ ـ ـ ـ ـ ـ ـ ـ ـ ـ ـ ـ ـ ـ ـ ـ ـ ـ ـ ـ ـ ـ ـ ـ ـ ـ ـ ـ ـ ـ ـ ـ ـ ـ ـ ـ ـ ـ ـ ـ ـ ـ ـ ـ ـ ـ ـ ـ ـ ـ ـ ـ ـ ـ ـ ـ ـ ـ ـ ـ ـ ـ ـ ـ ـ ـ ـ ـ ـ ـ ـ ـ ـ ـ ـ ـ ـ ـ ـ ـ ـ ـ ـ ـ ـ ـ ـ ـ ـ ـ ـ ـ ـ ـ ـ ـ ـ ـ ـ ـ ـ ـ ـ ـ ـ ـ ـ ـ ـ ـ ـ ـ ـ ـ ـ ـ ـ ـ ـ ـ ـ ـ ـ ـ ـ ـ ـ ـ ـ ـ ـ ـ ـ ـ ـ ـ ـ ـ ـ ـ ـ ـ ـ ـ ـ ـ ـ ـ ـ ـ ـ ـ ـ ـ ـ ـ ـ ـ ـ ـ ـ ـ ـ ـ ـ ـ ـ ـ ـ ـ ـ ـ ـ ـ ـ ـ ـ ـ ـ ـ ـ ـ ـ ـ ـ ـ ـ ـ ـ ـ ـ ـ ـ ـ ـ ـ ـ ـ ـ ـ ـ ـ ـ ـ ـ ـ ـ ـ ـ ـ ـ ـ ـ ـ ـ ـ ـ ـ ـ ـ ـ ـ ـ ـ ـ ـ ـ ـ ـ ـ ـ ـ ـ ـ ـ ـ ـ ـ ـ ـ ـ ـ ـ ـ ـ ـ ـ ـ ـ ـ ـ ـ ـ ـ ـ ـ ـ ـ ـ ـ ـ ـ ـ ـ ـ ـ ـ ـ ـ ـ ـ ـ ـ ـ ـ ـ ـ ـ ـ ـ ـ ـ ـ ـ ـ ـ ـ ـ ـ ـ ـ ـ ـ ـ ـ ـ ـ ـ ـ ـ ـ ـ ـ ـ ـ ـ ـ ـ ـ ـ ـ ـ ـ ـ ـ ـ ـ ـ ـ ـ ـ ـ ـ ـ ـ ـ ـ ـ ـ ـ ـ ـ ـ ـ ـ ـ
ـ ـ ـ ـ ـ ـ ـ ـ ـ ـ ـ ـ ـ ـ ـ ـ ـ ـ ـ ـ ـ ـ ـ ـ ـ ـ ـ ـ ـ ـ ـ ـ ـ ـ ـ ـ ـ ـ ـ ـ ـ ـ ـ ـ ـ ـ ـ ـ ـ ـ ـ ـ ـ ـ ـ ـ ـ ـ ـ ـ ـ ـ ـ ـ ـ ـ ـ ـ ـ ـ ـ ـ ـ ـ ـ ـ ـ ـ ـ ـ ـ ـ ـ ـ ـ ـ ـ ـ ـ ـ ـ ـ ـ ـ ـ ـ ـ ـ ـ ـ ـ ـ ـ ـ ـ ـ ـ ـ ـ ـ ـ ـ ـ ـ ـ ـ ـ ـ ـ ـ ـ ـ ـ ـ ـ ـ ـ ـ ـ ـ ـ ـ ـ ـ ـ ـ ـ ـ ـ ـ ـ ـ ـ ـ ـ ـ ـ ـ ـ ـ ـ ـ ـ ـ ـ ـ ـ ـ ـ ـ ـ ـ ـ ـ ـ ـ ـ ـ ـ ـ ـ ـ ـ ـ ـ ـ ـ ـ ـ ـ ـ ـ ـ ـ ـ ـ ـ ـ ـ ـ ـ ـ ـ ـ ـ ـ ـ ـ ـ ـ ـ ـ ـ ـ ـ ـ ـ ـ ـ ـ ـ ـ ـ ـ ـ ـ ـ ـ ـ ـ ـ ـ ـ ـ ـ ـ ـ ـ ـ ـ ـ ـ ـ ـ ـ ـ ـ ـ ـ ـ ـ ـ ـ ـ ـ ـ ـ ـ ـ ـ ـ ـ ـ ـ ـ ـ ـ ـ ـ ـ ـ ـ ـ ـ ـ ـ ـ ـ ـ ـ ـ ـ ـ ـ ـ ـ ـ ـ ـ ـ ـ ـ ـ ـ ـ ـ ـ ـ ـ ـ ـ ـ ـ ـ ـ ـ ـ ـ ـ ـ ـ ـ ـ ـ ـ ـ ـ ـ ـ ـ ـ ـ ـ ـ ـ ـ ـ ـ ـ ـ ـ ـ ـ ـ ـ ـ ـ ـ ـ ـ ـ ـ ـ ـ ـ ـ ـ ـ ـ ـ ـ ـ ـ ـ ـ ـ ـ ـ ـ ـ ـ ـ ـ ـ ـ ـ ـ ـ ـ ـ ـ ـ ـ ـ ـ ـ ـ ـ ـ ـ ـ ـ ـ ـ ـ ـ ـ ـ ـ ـ ـ ـ ـ ـ ـ ـ ـ ـ ـ ـ ـ ـ ـ ـ ـ ـ ـ ـ ـ ـ ـ ـ ـ ـ ـ ـ ـ ـ ـ ـ ـ ـ ـ ـ ـ ـ ـ ـ ـ ـ ـ ـ ـ ـ ـ ـ ـ ـ ـ ـ ـ ـ ـ ـ ـ ـ ـ ـ ـ ـ ـ ـ ـ ـ ـ ـ ـ ـ ـ ـ ـ ـ ـ ـ ـ ـ ـ ـ ـ ـ ـ ـ ـ ـ ـ ـ ـ ـ ـ ـ ـ ـ ـ ـ ـ ـ ـ ـ ـ ـ ـ ـ ـ ـ ـ ـ ـ ـ ـ ـ ـ ـ ـ ـ ـ ـ ـ ـ ـ ـ ـ ـ ـ ـ ـ ـ ـ ـ ـ ـ ـ ـ ـ ـ ـ ـ ـ ـ ـ ـ ـ ـ ـ ـ ـ ـ ـ ـ ـ ـ ـ ـ ـ ـ ـ ـ ـ ـ ـ ـ ـ ـ ـ ـ ـ ـ ـ ـ ـ ـ ـ ـ ـ ـ ـ ـ ـ ـ ـ ـ ـ ـ ـ ـ ـ ـ ـ ـ ـ ـ ـ ـ ـ ـ ـ ـ ـ ـ ـ ـ ـ ـ ـ ـ ـ ـ ـ ـ ـ ـ ـ ـ ـ ـ ـ ـ ـ ـ ـ ـ ـ ـ ـ ـ ـ ـ ـ ـ ـ ـ ـ ـ ـ ـ ـ ـ ـ ـ ـ ـ ـ ـ ـ ـ ـ ـ ـ ـ ـ ـ ـ ـ ـ ـ ـ ـ ـ ـ ـ ـ ـ ـ ـ ـ ـ ـ ـ ـ ـ ـ ـ ـ ـ ـ ـ ـ ـ ـ ـ ـ ـ ـ ـ ـ ـ ـ ـ ـ ـ ـ ـ ـ ـ ـ ـ ـ ـ ـ ـ ـ ـ ـ ـ ـ ـ ـ ـ ـ ـ ـ ـ ـ ـ ـ ـ ـ ـ ـ ـ ـ ـ ـ ـ ـ ـ ـ ـ ـ ـ ـ ـ ـ ـ ـ ـ ـ ـ ـ ـ ـ ـ ـ ـ ـ ـ ـ ـ ـ ـ ـ ـ ـ ـ ـ ـ ـ ـ ـ ـ ـ ـ ـ ـ ـ ـ ـ ـ ـ ـ ـ ـ ـ ـ ـ ـ ـ ـ ـ ـ ـ ـ ـ ـ ـ ـ ـ ـ ـ ـ ـ ـ ـ ـ ـ ـ ـ ـ ـ ـ ـ ـ ـ ـ ـ ـ ـ ـ ـ ـ ـ ـ ـ ـ ـ ـ ـ ـ ـ ـ ـ ـ ـ ـ ـ ـ ـ ـ ـ ـ ـ ـ ـ ـ ـ ـ ـ ـ ـ ـ ـ ـ ـ ـ ـ ـ ـ ـ ـ ـ ـ ـ ـ ـ ـ ـ ـ ـ ـ ـ ـ ـ ـ ـ ـ ـ ـ ـ ـ ـ ـ ـ ـ ـ ـ ـ ـ ـ ـ ـ ـ ـ ـ ـ ـ ـ ـ ـ ـ ـ ـ ـ ـ ـ ـ ـ ـ ـ ـ ـ ـ ـ ـ ـ ـ ـ ـ ـ ـ ـ ـ ـ ـ ـ ـ ـ ـ ـ ـ ـ ـ ـ ـ ـ ـ ـ ـ ـ ـ ـ ـ ـ ـ ـ ـ ـ ـ ـ ـ ـ ـ ـ ـ ـ ـ ـ ـ ـ ـ ـ ـ ـ ـ ـ ـ ـ ـ ـ ـ ـ ـ ـ ـ ـ ـ ـ ـ ـ ـ ـ ـ ـ ـ ـ ـ ـ ـ ـ ـ ـ ـ ـ ـ ـ ـ ـ ـ ـ ـ ـ ـ ـ ـ ـ ـ ـ ـ ـ ـ ـ ـ ـ ـ ـ ـ ـ ـ ـ ـ ـ ـ ـ ـ ـ ـ ـ ـ ـ ـ ـ ـ ـ ـ ـ ـ ـ ـ ـ ـ ـ ـ ـ ـ ـ ـ ـ ـ ـ ـ ـ ـ ـ ـ ـ ـ ـ ـ ـ ـ ـ ـ ـ ـ ـ ـ ـ ـ ـ ـ ـ ـ
۳ - تقدیم چند فقره لایحه بوسیله آقای وزیر دارائی
ـ ـ ـ ـ ـ ـ ـ ـ ـ ـ ـ ـ ـ ـ ـ ـ ـ ـ ـ ـ ـ ـ ـ ـ ـ ـ ـ ـ ـ ـ ـ ـ ـ ـ ـ ـ ـ ـ ـ ـ ـ ـ ـ ـ ـ ـ ـ ـ ـ ـ ـ ـ ـ ـ ـ ـ ـ ـ ـ ـ ـ ـ ـ ـ ـ ـ ـ ـ ـ ـ ـ ـ ـ ـ ـ ـ ـ ـ ـ ـ ـ ـ ـ ـ ـ ـ ـ ـ ـ ـ ـ ـ ـ ـ ـ ـ ـ ـ ـ ـ ـ ـ ـ ـ ـ ـ ـ ـ ـ ـ ـ ـ ـ ـ ـ ـ ـ ـ ـ ـ ـ ـ ـ ـ ـ ـ ـ ـ ـ ـ ـ ـ ـ ـ ـ ـ ـ ـ ـ ـ ـ ـ ـ ـ ـ ـ ـ ـ ـ ـ ـ ـ ـ ـ ـ ـ ـ ـ ـ ـ ـ ـ ـ ـ ـ ـ ـ ـ ـ ـ ـ ـ ـ ـ ـ ـ ـ ـ ـ ـ ـ ـ ـ ـ ـ ـ ـ ـ ـ ـ ـ ـ ـ ـ ـ ـ ـ ـ ـ ـ ـ ـ ـ ـ ـ ـ ـ ـ ـ ـ ـ ـ ـ ـ ـ ـ ـ ـ ـ ـ ـ ـ ـ ـ ـ ـ ـ ـ ـ ـ ـ ـ ـ ـ ـ ـ ـ ـ ـ ـ ـ ـ ـ ـ ـ ـ ـ ـ ـ ـ ـ ـ ـ ـ ـ ـ ـ ـ ـ ـ ـ ـ ـ ـ ـ ـ ـ ـ ـ ـ ـ ـ ـ ـ ـ ـ ـ ـ ـ ـ ـ ـ ـ ـ ـ ـ ـ ـ ـ ـ ـ ـ ـ ـ ـ ـ ـ ـ ـ ـ ـ ـ ـ ـ ـ ـ ـ ـ ـ ـ ـ ـ ـ ـ ـ ـ ـ ـ ـ ـ ـ ـ ـ ـ ـ ـ ـ ـ ـ ـ ـ ـ ـ ـ ـ ـ ـ ـ ـ ـ ـ ـ ـ ـ ـ ـ ـ ـ ـ ـ ـ ـ ـ ـ ـ ـ ـ ـ ـ ـ ـ ـ ـ ـ ـ ـ ـ ـ ـ ـ ـ ـ ـ ـ ـ ـ ـ ـ ـ ـ ـ ـ ـ ـ ـ ـ ـ ـ ـ ـ ـ ـ ـ ـ ـ ـ ـ ـ ـ ـ ـ ـ ـ ـ ـ ـ ـ ـ ـ ـ ـ ـ ـ ـ ـ ـ ـ ـ ـ ـ ـ ـ ـ ـ ـ ـ ـ ـ ـ ـ ـ ـ ـ ـ ـ ـ ـ ـ ـ ـ ـ ـ ـ ـ ـ ـ ـ ـ ـ ـ ـ ـ ـ ـ ـ ـ ـ ـ ـ ـ ـ ـ ـ ـ ـ ـ ـ ـ ـ ـ ـ ـ ـ ـ ـ ـ ـ ـ ـ ـ ـ ـ ـ ـ ـ ـ ـ ـ ـ ـ ـ ـ ـ ـ ـ ـ ـ ـ ـ ـ ـ ـ ـ ـ ـ ـ ـ ـ ـ ـ ـ ـ ـ ـ ـ ـ ـ ـ ـ ـ ـ ـ ـ ـ ـ ـ ـ ـ ـ ـ ـ ـ ـ ـ ـ ـ ـ ـ ـ ـ ـ ـ ـ ـ ـ ـ ـ ـ ـ ـ ـ ـ ـ ـ ـ ـ ـ ـ ـ ـ ـ ـ ـ ـ ـ ـ ـ ـ ـ ـ ـ ـ ـ ـ ـ ـ ـ ـ ـ ـ ـ ـ ـ ـ ـ ـ ـ ـ ـ ـ ـ ـ ـ ـ ـ ـ ـ ـ ـ ـ ـ ـ ـ ـ ـ ـ ـ ـ ـ ـ ـ ـ ـ ـ ـ ـ ـ ـ ـ ـ ـ ـ ـ ـ ـ ـ ـ ـ ـ ـ ـ ـ ـ ـ ـ ـ ـ ـ ـ ـ ـ ـ ـ ـ ـ ـ ـ ـ ـ ـ ـ ـ ـ ـ ـ ـ ـ ـ ـ ـ ـ ـ ـ ـ ـ ـ ـ ـ ـ ـ ـ ـ ـ ـ ـ ـ ـ ـ ـ ـ ـ ـ ـ ـ ـ ـ ـ ـ ـ ـ ـ ـ ـ ـ ـ ـ ـ ـ ـ ـ ـ ـ ـ ـ ـ ـ ـ ـ ـ ـ ـ ـ ـ ـ ـ ـ ـ ـ ـ ـ ـ ـ ـ ـ ـ ـ ـ ـ ـ ـ ـ ـ ـ ـ ـ ـ ـ ـ ـ ـ ـ ـ ـ ـ ـ ـ ـ ـ ـ ـ ـ ـ ـ ـ ـ ـ ـ ـ ـ ـ ـ ـ ـ ـ ـ ـ ـ ـ ـ ـ ـ ـ ـ ـ ـ ـ ـ ـ ـ ـ ـ ـ ـ ـ ـ ـ ـ ـ ـ ـ ـ ـ ـ ـ ـ ـ ـ ـ ـ ـ ـ ـ ـ ـ ـ ـ ـ ـ ـ ـ ـ ـ ـ ـ ـ ـ ـ ـ ـ ـ ـ ـ ـ ـ ـ ـ ـ ـ ـ ـ ـ ـ ـ ـ ـ ـ ـ ـ ـ ـ ـ ـ ـ ـ ـ ـ ـ ـ ـ ـ ـ ـ ـ ـ ـ ـ ـ ـ ـ ـ ـ ـ ـ ـ ـ ـ ـ ـ ـ ـ ـ ـ ـ ـ ـ ـ ـ ـ ـ ـ ـ ـ ـ ـ ـ ـ ـ ـ ـ ـ ـ ـ ـ ـ ـ ـ ـ ـ ـ ـ ـ ـ ـ ـ ـ ـ ـ ـ ـ ـ ـ ـ ـ ـ ـ ـ ـ ـ ـ ـ ـ ـ ـ ـ ـ ـ ـ ـ ـ ـ ـ ـ ـ ـ ـ ـ ـ ـ ـ ـ ـ ـ ـ ـ ـ ـ ـ ـ ـ ـ ـ ـ ـ ـ ـ ـ ـ ـ ـ ـ ـ ـ ـ ـ ـ ـ ـ ـ ـ ـ ـ ـ ـ ـ ـ ـ ـ ـ ـ ـ ـ ـ ـ ـ ـ ـ ـ ـ ـ ـ ـ ـ ـ ـ ـ ـ ـ ـ ـ ـ ـ ـ ـ ـ ـ ـ ـ ـ ـ ـ ـ ـ ـ ـ ـ ـ ـ ـ ـ ـ ـ ـ ـ ـ ـ ـ ـ ـ ـ ـ ـ ـ ـ ـ ـ ـ ـ ـ ـ ـ
نایب رئیس
ـ ـ ـ ـ ـ ـ ـ ـ ـ ـ ـ ـ ـ ـ ـ ـ ـ ـ ـ ـ ـ ـ ـ ـ ـ ـ ـ ـ ـ ـ ـ ـ ـ ـ ـ ـ ـ ـ ـ ـ ـ ـ ـ ـ ـ ـ ـ ـ ـ ـ ـ ـ ـ ـ ـ ـ ـ ـ ـ ـ ـ ـ ـ ـ ـ ـ ـ ـ ـ ـ ـ ـ ـ ـ ـ ـ ـ ـ ـ ـ ـ ـ ـ ـ ـ ـ ـ ـ ـ ـ ـ ـ ـ ـ ـ ـ ـ ـ ـ ـ ـ ـ ـ ـ ـ ـ ـ ـ ـ ـ ـ ـ ـ ـ ـ ـ ـ ـ ـ ـ ـ ـ ـ ـ ـ ـ ـ ـ ـ ـ ـ ـ ـ ـ ـ ـ ـ ـ ـ ـ ـ ـ ـ ـ ـ ـ ـ ـ ـ ـ ـ ـ ـ ـ ـ ـ ـ ـ ـ ـ ـ ـ ـ ـ ـ ـ ـ ـ ـ ـ ـ ـ ـ ـ ـ ـ ـ ـ ـ ـ ـ ـ ـ ـ ـ ـ ـ ـ ـ ـ ـ ـ ـ ـ ـ ـ ـ ـ ـ ـ ـ ـ ـ ـ ـ ـ ـ ـ ـ ـ ـ ـ ـ ـ ـ ـ ـ ـ ـ ـ ـ ـ ـ ـ ـ ـ ـ ـ ـ ـ ـ ـ ـ ـ ـ ـ ـ ـ ـ ـ ـ ـ ـ ـ ـ ـ ـ ـ ـ ـ ـ ـ ـ ـ ـ ـ ـ ـ ـ ـ ـ ـ ـ ـ ـ ـ ـ ـ ـ ـ ـ ـ ـ ـ ـ ـ ـ ـ ـ ـ ـ ـ ـ ـ ـ ـ ـ ـ ـ ـ ـ ـ ـ ـ ـ ـ ـ ـ ـ ـ ـ ـ ـ ـ ـ ـ ـ ـ ـ ـ ـ ـ ـ ـ ـ ـ ـ ـ ـ ـ ـ ـ ـ ـ ـ ـ ـ ـ ـ ـ ـ ـ ـ ـ ـ ـ ـ ـ ـ ـ ـ ـ ـ ـ ـ ـ ـ ـ ـ ـ ـ ـ ـ ـ ـ ـ ـ ـ ـ ـ ـ ـ ـ ـ ـ ـ ـ ـ ـ ـ ـ ـ ـ ـ ـ ـ ـ ـ ـ ـ ـ ـ ـ ـ ـ ـ ـ ـ ـ ـ ـ ـ ـ ـ ـ ـ ـ ـ ـ ـ ـ ـ ـ ـ ـ ـ ـ ـ ـ ـ ـ ـ ـ ـ ـ ـ ـ ـ ـ ـ ـ ـ ـ ـ ـ ـ ـ ـ ـ ـ ـ ـ ـ ـ ـ ـ ـ ـ ـ ـ ـ ـ ـ ـ ـ ـ ـ ـ ـ ـ ـ ـ ـ ـ ـ ـ ـ ـ ـ ـ ـ ـ ـ ـ ـ ـ ـ ـ ـ ـ ـ ـ ـ ـ ـ ـ ـ ـ ـ ـ ـ ـ ـ ـ ـ ـ ـ ـ ـ ـ ـ ـ ـ ـ ـ ـ ـ ـ ـ ـ ـ ـ ـ ـ ـ ـ ـ ـ ـ ـ ـ ـ ـ ـ ـ ـ ـ ـ ـ ـ ـ ـ ـ ـ ـ ـ ـ ـ ـ ـ ـ ـ ـ ـ ـ ـ ـ ـ ـ ـ ـ ـ ـ ـ ـ ـ ـ ـ ـ ـ ـ ـ ـ ـ ـ ـ ـ ـ ـ ـ ـ ـ ـ ـ ـ ـ ـ ـ ـ ـ ـ ـ ـ ـ ـ ـ ـ ـ ـ ـ ـ ـ ـ ـ ـ ـ ـ ـ ـ ـ ـ ـ ـ ـ ـ ـ ـ ـ ـ ـ ـ ـ ـ ـ ـ ـ ـ ـ ـ ـ ـ ـ ـ ـ ـ ـ ـ ـ ـ ـ ـ ـ ـ ـ ـ ـ ـ ـ ـ ـ ـ ـ ـ ـ ـ ـ ـ ـ ـ ـ ـ ـ ـ ـ ـ ـ ـ ـ ـ ـ ـ ـ ـ ـ ـ ـ ـ ـ ـ ـ ـ ـ ـ ـ ـ ـ ـ ـ ـ ـ ـ ـ ـ ـ ـ ـ ـ ـ ـ ـ ـ ـ ـ ـ ـ ـ ـ ـ ـ ـ ـ ـ ـ ـ ـ ـ ـ ـ ـ ـ ـ ـ ـ ـ ـ ـ ـ ـ ـ ـ ـ ـ ـ ـ ـ ـ ـ ـ ـ ـ ـ ـ ـ ـ ـ ـ ـ ـ ـ ـ ـ ـ ـ ـ ـ ـ ـ ـ ـ ـ ـ ـ ـ ـ ـ ـ ـ ـ ـ ـ ـ ـ ـ ـ ـ ـ ـ ـ ـ ـ ـ ـ ـ ـ ـ ـ ـ ـ ـ ـ ـ ـ ـ ـ ـ ـ ـ ـ ـ ـ ـ ـ ـ ـ ـ ـ ـ ـ ـ ـ ـ ـ ـ ـ ـ ـ ـ ـ ـ ـ ـ ـ ـ ـ ـ ـ ـ ـ ـ ـ ـ ـ ـ ـ ـ ـ ـ ـ ـ ـ ـ ـ ـ ـ ـ ـ ـ ـ ـ ـ ـ ـ ـ ـ ـ ـ ـ ـ ـ ـ ـ ـ ـ ـ ـ ـ ـ ـ ـ ـ ـ ـ ـ ـ ـ ـ ـ ـ ـ ـ ـ ـ ـ ـ ـ ـ ـ ـ ـ ـ ـ ـ ـ ـ ـ ـ ـ ـ ـ ـ ـ ـ ـ ـ ـ ـ ـ ـ ـ ـ ـ ـ ـ ـ ـ ـ ـ ـ ـ ـ ـ ـ ـ ـ ـ ـ ـ ـ ـ ـ ـ ـ ـ ـ ـ ـ ـ ـ ـ ـ ـ ـ ـ ـ ـ ـ ـ ـ ـ ـ ـ ـ ـ ـ ـ ـ ـ ـ ـ ـ ـ ـ ـ ـ ـ ـ ـ ـ ـ ـ ـ ـ ـ ـ ـ ـ ـ ـ ـ ـ ـ ـ ـ ـ ـ ـ ـ ـ ـ ـ ـ ـ ـ ـ ـ ـ ـ ـ ـ ـ ـ ـ ـ ـ ـ ـ ـ ـ ـ ـ ـ ـ ـ ـ ـ ـ ـ ـ ـ ـ ـ ـ ـ ـ ـ ـ ـ ـ ـ ـ ـ ـ ـ ـ ـ ـ ـ ـ ـ ـ ـ ـ ـ ـ ـ ـ ـ ـ ـ ـ ـ ـ ـ ـ ـ ـ ـ ـ ـ ـ
نایب رئیس
ـ ـ ـ ـ ـ ـ ـ ـ ـ ـ ـ ـ ـ ـ ـ ـ ـ ـ ـ ـ ـ ـ ـ ـ ـ ـ ـ ـ ـ ـ ـ ـ ـ ـ ـ ـ ـ ـ ـ ـ ـ ـ ـ ـ ـ ـ ـ ـ ـ ـ ـ ـ ـ ـ ـ ـ ـ ـ ـ ـ ـ ـ ـ ـ ـ ـ ـ ـ ـ ـ ـ ـ ـ ـ ـ ـ ـ ـ ـ ـ ـ ـ ـ ـ ـ ـ ـ ـ ـ ـ ـ ـ ـ ـ ـ ـ ـ ـ ـ ـ ـ ـ ـ ـ ـ ـ ـ ـ ـ ـ ـ ـ ـ ـ ـ ـ ـ ـ ـ ـ ـ ـ ـ ـ ـ ـ ـ ـ ـ ـ ـ ـ ـ ـ ـ ـ ـ ـ ـ ـ ـ ـ ـ ـ ـ ـ ـ ـ ـ ـ ـ ـ ـ ـ ـ ـ ـ ـ ـ ـ ـ ـ ـ ـ ـ ـ ـ ـ ـ ـ ـ ـ ـ ـ ـ ـ ـ ـ ـ ـ ـ ـ ـ ـ ـ ـ ـ ـ ـ ـ ـ ـ ـ ـ ـ ـ ـ ـ ـ ـ ـ ـ ـ ـ ـ ـ ـ ـ ـ ـ ـ ـ ـ ـ ـ ـ ـ ـ ـ ـ ـ ـ ـ ـ ـ ـ ـ ـ ـ ـ ـ ـ ـ ـ ـ ـ ـ ـ ـ ـ ـ ـ ـ ـ ـ ـ ـ ـ ـ ـ ـ ـ ـ ـ ـ ـ ـ ـ ـ ـ ـ ـ ـ ـ ـ ـ ـ ـ ـ ـ ـ ـ ـ ـ ـ ـ ـ ـ ـ ـ ـ ـ ـ ـ ـ ـ ـ ـ ـ ـ ـ ـ ـ ـ ـ ـ ـ ـ ـ ـ ـ ـ ـ ـ ـ ـ ـ ـ ـ ـ ـ ـ ـ ـ ـ ـ ـ ـ ـ ـ ـ ـ ـ ـ ـ ـ ـ ـ ـ ـ ـ ـ ـ ـ ـ ـ ـ ـ ـ ـ ـ ـ ـ ـ ـ ـ ـ ـ ـ ـ ـ ـ ـ ـ ـ ـ ـ ـ ـ ـ ـ ـ ـ ـ ـ ـ ـ ـ ـ ـ ـ ـ ـ ـ ـ ـ ـ ـ ـ ـ ـ ـ ـ ـ ـ ـ ـ ـ ـ ـ ـ ـ ـ ـ ـ ـ ـ ـ ـ ـ ـ ـ ـ ـ ـ ـ ـ ـ ـ ـ ـ ـ ـ ـ ـ ـ ـ ـ ـ ـ ـ ـ ـ ـ ـ ـ ـ ـ ـ ـ ـ ـ ـ ـ ـ ـ ـ ـ ـ ـ ـ ـ ـ ـ ـ ـ ـ ـ ـ ـ ـ ـ ـ ـ ـ ـ ـ ـ ـ ـ ـ ـ ـ ـ ـ ـ ـ ـ ـ ـ ـ ـ ـ ـ ـ ـ ـ ـ ـ ـ ـ ـ ـ ـ ـ ـ ـ ـ ـ ـ ـ ـ ـ ـ ـ ـ ـ ـ ـ ـ ـ ـ ـ ـ ـ ـ ـ ـ ـ ـ ـ ـ ـ ـ ـ ـ ـ ـ ـ ـ ـ ـ ـ ـ ـ ـ ـ ـ ـ ـ ـ ـ ـ ـ ـ ـ ـ ـ ـ ـ ـ ـ ـ ـ ـ ـ ـ ـ ـ ـ ـ ـ ـ ـ ـ ـ ـ ـ ـ ـ ـ ـ ـ ـ ـ ـ ـ ـ ـ ـ ـ ـ ـ ـ ـ ـ ـ ـ ـ ـ ـ ـ ـ ـ ـ ـ ـ ـ ـ ـ ـ ـ ـ ـ ـ ـ ـ ـ ـ ـ ـ ـ ـ ـ ـ ـ ـ ـ ـ ـ ـ ـ ـ ـ ـ ـ ـ ـ ـ ـ ـ ـ ـ ـ ـ ـ ـ ـ ـ ـ ـ ـ ـ ـ ـ ـ ـ ـ ـ ـ ـ ـ ـ ـ ـ ـ ـ ـ ـ ـ ـ ـ ـ ـ ـ ـ ـ ـ ـ ـ ـ ـ ـ ـ ـ ـ ـ ـ ـ ـ ـ ـ ـ ـ ـ ـ ـ ـ ـ ـ ـ ـ ـ ـ ـ ـ ـ ـ ـ ـ ـ ـ ـ ـ ـ ـ ـ ـ ـ ـ ـ ـ ـ ـ ـ ـ ـ ـ ـ ـ ـ ـ ـ ـ ـ ـ ـ ـ ـ ـ ـ ـ ـ ـ ـ ـ ـ ـ ـ ـ ـ ـ ـ ـ ـ ـ ـ ـ ـ ـ ـ ـ ـ ـ ـ ـ ـ ـ ـ ـ ـ ـ ـ ـ ـ ـ ـ ـ ـ ـ ـ ـ ـ ـ ـ ـ ـ ـ ـ ـ ـ ـ ـ ـ ـ ـ ـ ـ ـ ـ ـ ـ ـ ـ ـ ـ ـ ـ ـ ـ ـ ـ ـ ـ ـ ـ ـ ـ ـ ـ ـ ـ ـ ـ ـ ـ ـ ـ ـ ـ ـ ـ ـ ـ ـ ـ ـ ـ ـ ـ ـ ـ ـ ـ ـ ـ ـ ـ ـ ـ ـ ـ ـ ـ ـ ـ ـ ـ ـ ـ ـ ـ ـ ـ ـ ـ ـ ـ ـ ـ ـ ـ ـ ـ ـ ـ ـ ـ ـ ـ ـ ـ ـ ـ ـ ـ ـ ـ ـ ـ ـ ـ ـ ـ ـ ـ ـ ـ ـ ـ ـ ـ ـ ـ ـ ـ ـ ـ ـ ـ ـ ـ ـ ـ ـ ـ ـ ـ ـ ـ ـ ـ ـ ـ ـ ـ ـ ـ ـ ـ ـ ـ ـ ـ ـ ـ ـ ـ ـ ـ ـ ـ ـ ـ ـ ـ ـ ـ ـ ـ ـ ـ ـ ـ ـ ـ ـ ـ ـ ـ ـ ـ ـ ـ ـ ـ ـ ـ ـ ـ ـ ـ ـ ـ ـ ـ ـ ـ ـ ـ ـ ـ ـ ـ ـ ـ ـ ـ ـ ـ ـ ـ ـ ـ ـ ـ ـ ـ ـ ـ ـ ـ ـ ـ ـ ـ ـ ـ ـ ـ ـ ـ ـ ـ ـ ـ ـ ـ ـ ـ ـ ـ ـ ـ ـ ـ ـ ـ ـ ـ ـ ـ ـ ـ ـ ـ ـ ـ ـ ـ ـ ـ ـ ـ ـ ـ ـ ـ ـ ـ ـ ـ ـ ـ ـ ـ ـ ـ ـ ـ
ـ ـ ـ ـ ـ ـ ـ ـ ـ ـ ـ ـ ـ ـ ـ ـ ـ ـ ـ ـ ـ ـ ـ ـ ـ ـ ـ ـ ـ ـ ـ ـ ـ ـ ـ ـ ـ ـ ـ ـ ـ ـ ـ ـ ـ ـ ـ ـ ـ ـ ـ ـ ـ ـ ـ ـ ـ ـ ـ ـ ـ ـ ـ ـ ـ ـ ـ ـ ـ ـ ـ ـ ـ ـ ـ ـ ـ ـ ـ ـ ـ ـ ـ ـ ـ ـ ـ ـ ـ ـ ـ ـ ـ ـ ـ ـ ـ ـ ـ ـ ـ ـ ـ ـ ـ ـ ـ ـ ـ ـ ـ ـ ـ ـ ـ ـ ـ ـ ـ ـ ـ ـ ـ ـ ـ ـ ـ ـ ـ ـ ـ ـ ـ ـ ـ ـ ـ ـ ـ ـ ـ ـ ـ ـ ـ ـ ـ ـ ـ ـ ـ ـ ـ ـ ـ ـ ـ ـ ـ ـ ـ ـ ـ ـ ـ ـ ـ ـ ـ ـ ـ ـ ـ ـ ـ ـ ـ ـ ـ ـ ـ ـ ـ ـ ـ ـ ـ ـ ـ ـ ـ ـ ـ ـ ـ ـ ـ ـ ـ ـ ـ ـ ـ ـ ـ ـ ـ ـ ـ ـ ـ ـ ـ ـ ـ ـ ـ ـ ـ ـ ـ ـ ـ ـ ـ ـ ـ ـ ـ ـ ـ ـ ـ ـ ـ ـ ـ ـ ـ ـ ـ ـ ـ ـ ـ ـ ـ ـ ـ ـ ـ ـ ـ ـ ـ ـ ـ ـ ـ ـ ـ ـ ـ ـ ـ ـ ـ ـ ـ ـ ـ ـ ـ ـ ـ ـ ـ ـ ـ ـ ـ ـ ـ ـ ـ ـ ـ ـ ـ ـ ـ ـ ـ ـ ـ ـ ـ ـ ـ ـ ـ ـ ـ ـ ـ ـ ـ ـ ـ ـ ـ ـ ـ ـ ـ ـ ـ ـ ـ ـ ـ ـ ـ ـ ـ ـ ـ ـ ـ ـ ـ ـ ـ ـ ـ ـ ـ ـ ـ ـ ـ ـ ـ ـ ـ ـ ـ ـ ـ ـ ـ ـ ـ ـ ـ ـ ـ ـ ـ ـ ـ ـ ـ ـ ـ ـ ـ ـ ـ ـ ـ ـ ـ ـ ـ ـ ـ ـ ـ ـ ـ ـ ـ ـ ـ ـ ـ ـ ـ ـ ـ ـ ـ ـ ـ ـ ـ ـ ـ ـ ـ ـ ـ ـ ـ ـ ـ ـ ـ ـ ـ ـ ـ ـ ـ ـ ـ ـ ـ ـ ـ ـ ـ ـ ـ ـ ـ ـ ـ ـ ـ ـ ـ ـ ـ ـ ـ ـ ـ ـ ـ ـ ـ ـ ـ ـ ـ ـ ـ ـ ـ ـ ـ ـ ـ ـ ـ ـ ـ ـ ـ ـ ـ ـ ـ ـ ـ ـ ـ ـ ـ ـ ـ ـ ـ ـ ـ ـ ـ ـ ـ ـ ـ ـ ـ ـ ـ ـ ـ ـ ـ ـ ـ ـ ـ ـ ـ ـ ـ ـ ـ ـ ـ ـ ـ ـ ـ ـ ـ ـ ـ ـ ـ ـ ـ ـ ـ ـ ـ ـ ـ ـ ـ ـ ـ ـ ـ ـ ـ ـ ـ ـ ـ ـ ـ ـ ـ ـ ـ ـ ـ ـ ـ ـ ـ ـ ـ ـ ـ ـ ـ ـ ـ ـ ـ ـ ـ ـ ـ ـ ـ ـ ـ ـ ـ ـ ـ ـ ـ ـ ـ ـ ـ ـ ـ ـ ـ ـ ـ ـ ـ ـ ـ ـ ـ ـ ـ ـ ـ ـ ـ ـ ـ ـ ـ ـ ـ ـ ـ ـ ـ ـ ـ ـ ـ ـ ـ ـ ـ ـ ـ ـ ـ ـ ـ ـ ـ ـ ـ ـ ـ ـ ـ ـ ـ ـ ـ ـ ـ ـ ـ ـ ـ ـ ـ ـ ـ ـ ـ ـ ـ ـ ـ ـ ـ ـ ـ ـ ـ ـ ـ ـ ـ ـ ـ ـ ـ ـ ـ ـ ـ ـ ـ ـ ـ ـ ـ ـ ـ ـ ـ ـ ـ ـ ـ ـ ـ ـ ـ ـ ـ ـ ـ ـ ـ ـ ـ ـ ـ ـ ـ ـ ـ ـ ـ ـ ـ ـ ـ ـ ـ ـ ـ ـ ـ ـ ـ ـ ـ ـ ـ ـ ـ ـ ـ ـ ـ ـ ـ ـ ـ ـ ـ ـ ـ ـ ـ ـ ـ ـ ـ ـ ـ ـ ـ ـ ـ ـ ـ ـ ـ ـ ـ ـ ـ ـ ـ ـ ـ ـ ـ ـ ـ ـ ـ ـ ـ ـ ـ ـ ـ ـ ـ ـ ـ ـ ـ ـ ـ ـ ـ ـ ـ ـ ـ ـ ـ ـ ـ ـ ـ ـ ـ ـ ـ ـ ـ ـ ـ ـ ـ ـ ـ ـ ـ ـ ـ ـ ـ ـ ـ ـ ـ ـ ـ ـ ـ ـ ـ ـ ـ ـ ـ ـ ـ ـ ـ ـ ـ ـ ـ ـ ـ ـ ـ ـ ـ ـ ـ ـ ـ ـ ـ ـ ـ ـ ـ ـ ـ ـ ـ ـ ـ ـ ـ ـ ـ ـ ـ ـ ـ ـ ـ ـ ـ ـ ـ ـ ـ ـ ـ ـ ـ ـ ـ ـ ـ ـ ـ ـ ـ ـ ـ ـ ـ ـ ـ ـ ـ ـ ـ ـ ـ ـ ـ ـ ـ ـ ـ ـ ـ ـ ـ ـ ـ ـ ـ ـ ـ ـ ـ ـ ـ ـ ـ ـ ـ ـ ـ ـ ـ ـ ـ ـ ـ ـ ـ ـ ـ ـ ـ ـ ـ ـ ـ ـ ـ ـ ـ ـ ـ ـ ـ ـ ـ ـ ـ ـ ـ ـ ـ ـ ـ ـ ـ ـ ـ ـ ـ ـ ـ ـ ـ ـ ـ ـ ـ ـ ـ ـ ـ ـ ـ ـ ـ ـ ـ ـ ـ ـ ـ ـ ـ ـ ـ ـ ـ ـ ـ ـ ـ ـ ـ ـ ـ ـ ـ ـ ـ ـ ـ ـ ـ ـ ـ ـ ـ ـ ـ ـ ـ ـ ـ ـ ـ ـ ـ ـ ـ ـ ـ ـ ـ ـ ـ ـ ـ ـ ـ ـ ـ ـ ـ ـ ـ ـ ـ ـ ـ ـ ـ ـ ـ ـ ـ ـ ـ ـ ـ ـ
۴ - اعلام تصویب نمایندگی آقای مهندس رضوی
نایب رئیس
ـ ـ ـ ـ ـ ـ ـ ـ ـ ـ ـ ـ ـ ـ ـ ـ ـ ـ ـ ـ ـ ـ ـ ـ ـ ـ ـ ـ ـ ـ ـ ـ ـ ـ ـ ـ ـ ـ ـ ـ ـ ـ ـ ـ ـ ـ ـ ـ ـ ـ ـ ـ ـ ـ ـ ـ ـ ـ ـ ـ ـ ـ ـ ـ ـ ـ ـ ـ ـ ـ ـ ـ ـ ـ ـ ـ ـ ـ ـ ـ ـ ـ ـ ـ ـ ـ ـ ـ ـ ـ ـ ـ ـ ـ ـ ـ ـ ـ ـ ـ ـ ـ ـ ـ ـ ـ ـ ـ ـ ـ ـ ـ ـ ـ ـ ـ ـ ـ ـ ـ ـ ـ ـ ـ ـ ـ ـ ـ ـ ـ ـ ـ ـ ـ ـ ـ ـ ـ ـ ـ ـ ـ ـ ـ ـ ـ ـ ـ ـ ـ ـ ـ ـ ـ ـ ـ ـ ـ ـ ـ ـ ـ ـ ـ ـ ـ ـ ـ ـ ـ ـ ـ ـ ـ ـ ـ ـ ـ ـ ـ ـ ـ ـ ـ ـ ـ ـ ـ ـ ـ ـ ـ ـ ـ ـ ـ ـ ـ ـ ـ ـ ـ ـ ـ ـ ـ ـ ـ ـ ـ ـ ـ ـ ـ ـ ـ ـ ـ ـ ـ ـ ـ ـ ـ ـ ـ ـ ـ ـ ـ ـ ـ ـ ـ ـ ـ ـ ـ ـ ـ ـ ـ ـ ـ ـ ـ ـ ـ ـ ـ ـ ـ ـ ـ ـ ـ ـ ـ ـ ـ ـ ـ ـ ـ ـ ـ ـ ـ ـ ـ ـ ـ ـ ـ ـ ـ ـ ـ ـ ـ ـ ـ ـ ـ ـ ـ ـ ـ ـ ـ ـ ـ ـ ـ ـ ـ ـ ـ ـ ـ ـ ـ ـ ـ ـ ـ ـ ـ ـ ـ ـ ـ ـ ـ ـ ـ ـ ـ ـ ـ ـ ـ ـ ـ ـ ـ ـ ـ ـ ـ ـ ـ ـ ـ ـ ـ ـ ـ ـ ـ ـ ـ ـ ـ ـ ـ ـ ـ ـ ـ ـ ـ ـ ـ ـ ـ ـ ـ ـ ـ ـ ـ ـ ـ ـ ـ ـ ـ ـ ـ ـ ـ ـ ـ ـ ـ ـ ـ ـ ـ ـ ـ ـ ـ ـ ـ ـ ـ ـ ـ ـ ـ ـ ـ ـ ـ ـ ـ ـ ـ ـ ـ ـ ـ ـ ـ ـ ـ ـ ـ ـ ـ ـ ـ ـ ـ ـ ـ ـ ـ ـ ـ ـ ـ ـ ـ ـ ـ ـ ـ ـ ـ ـ ـ ـ ـ ـ ـ ـ ـ ـ ـ ـ ـ ـ ـ ـ ـ ـ ـ ـ ـ ـ ـ ـ ـ ـ ـ ـ ـ ـ ـ ـ ـ ـ ـ ـ ـ ـ ـ ـ ـ ـ ـ ـ ـ ـ ـ ـ ـ ـ ـ ـ ـ ـ ـ ـ ـ ـ ـ ـ ـ ـ ـ ـ ـ ـ ـ ـ ـ ـ ـ ـ ـ ـ ـ ـ ـ ـ ـ ـ ـ ـ ـ ـ ـ ـ ـ ـ ـ ـ ـ ـ ـ ـ ـ ـ ـ ـ ـ ـ ـ ـ ـ ـ ـ ـ ـ ـ ـ ـ ـ ـ ـ ـ ـ ـ ـ ـ ـ ـ ـ ـ ـ ـ ـ ـ ـ ـ ـ ـ ـ ـ ـ ـ ـ ـ ـ ـ ـ ـ ـ ـ ـ ـ ـ ـ ـ ـ ـ ـ ـ ـ ـ ـ ـ ـ ـ ـ ـ ـ ـ ـ ـ ـ ـ ـ ـ ـ ـ ـ ـ ـ ـ ـ ـ ـ ـ ـ ـ ـ ـ ـ ـ ـ ـ ـ ـ ـ ـ ـ ـ ـ ـ ـ ـ ـ ـ ـ ـ ـ ـ ـ ـ ـ ـ ـ ـ ـ ـ ـ ـ ـ ـ ـ ـ ـ ـ ـ ـ ـ ـ ـ ـ ـ ـ ـ ـ ـ ـ ـ ـ ـ ـ ـ ـ ـ ـ ـ ـ ـ ـ ـ ـ ـ ـ ـ ـ ـ ـ ـ ـ ـ ـ ـ ـ ـ ـ ـ ـ ـ ـ ـ ـ ـ ـ ـ ـ ـ ـ ـ ـ ـ ـ ـ ـ ـ ـ ـ ـ ـ ـ ـ ـ ـ ـ ـ ـ ـ ـ ـ ـ ـ ـ ـ ـ ـ ـ ـ ـ ـ ـ ـ ـ ـ ـ ـ ـ ـ ـ ـ ـ ـ ـ ـ ـ ـ ـ ـ ـ ـ ـ ـ ـ ـ ـ ـ ـ ـ ـ ـ ـ ـ ـ ـ ـ ـ ـ ـ ـ ـ ـ ـ ـ ـ ـ ـ ـ ـ ـ ـ ـ ـ ـ ـ ـ ـ ـ ـ ـ ـ ـ ـ ـ ـ ـ ـ ـ ـ ـ ـ ـ ـ ـ ـ ـ ـ ـ ـ ـ ـ ـ ـ ـ ـ ـ ـ ـ ـ ـ ـ ـ ـ ـ ـ ـ ـ ـ ـ ـ ـ ـ ـ ـ ـ ـ ـ ـ ـ ـ ـ ـ ـ ـ ـ ـ ـ ـ ـ ـ ـ ـ ـ ـ ـ ـ ـ ـ ـ ـ ـ ـ ـ ـ ـ ـ ـ ـ ـ ـ ـ ـ ـ ـ ـ ـ ـ ـ ـ ـ ـ ـ ـ ـ ـ ـ ـ ـ ـ ـ ـ ـ ـ ـ ـ ـ ـ ـ ـ ـ ـ ـ ـ ـ ـ ـ ـ ـ ـ ـ ـ ـ ـ ـ ـ ـ ـ ـ ـ ـ ـ ـ ـ ـ ـ ـ ـ ـ ـ ـ ـ ـ ـ ـ ـ ـ ـ ـ ـ ـ ـ ـ ـ ـ ـ ـ ـ ـ ـ ـ ـ ـ ـ ـ ـ ـ ـ ـ ـ ـ ـ ـ ـ ـ ـ ـ ـ ـ ـ ـ ـ ـ ـ ـ ـ ـ ـ ـ ـ ـ ـ ـ ـ ـ ـ ـ ـ ـ ـ ـ ـ ـ ـ ـ ـ ـ ـ ـ ـ ـ ـ ـ ـ ـ ـ ـ ـ ـ ـ ـ ـ ـ ـ ـ ـ ـ ـ ـ ـ ـ ـ ـ ـ ـ ـ ـ ـ ـ ـ ـ ـ ـ ـ ـ ـ ـ ـ ـ ـ ـ
۵ - طرح و تصویب برنامه دولت آقای دکتر مصدق
نایب رئیس
ـ ـ ـ ـ ـ ـ ـ ـ ـ ـ ـ ـ ـ ـ ـ ـ ـ ـ ـ ـ ـ ـ ـ ـ ـ ـ ـ ـ ـ ـ ـ ـ ـ ـ ـ ـ ـ ـ ـ ـ ـ ـ ـ ـ ـ ـ ـ ـ ـ ـ ـ ـ ـ ـ ـ ـ ـ ـ ـ ـ ـ ـ ـ ـ ـ ـ ـ ـ ـ ـ ـ ـ ـ ـ ـ ـ ـ ـ ـ ـ ـ ـ ـ ـ ـ ـ ـ ـ ـ ـ ـ ـ ـ ـ ـ ـ ـ ـ ـ ـ ـ ـ ـ ـ ـ ـ ـ ـ ـ ـ ـ ـ ـ ـ ـ ـ ـ ـ ـ ـ ـ ـ ـ ـ ـ ـ ـ ـ ـ ـ ـ ـ ـ ـ ـ ـ ـ ـ ـ ـ ـ ـ ـ ـ ـ ـ ـ ـ ـ ـ ـ ـ ـ ـ ـ ـ ـ ـ ـ ـ ـ ـ ـ ـ ـ ـ ـ ـ ـ ـ ـ ـ ـ ـ ـ ـ ـ ـ ـ ـ ـ ـ ـ ـ ـ ـ ـ ـ ـ ـ ـ ـ ـ ـ ـ ـ ـ ـ ـ ـ ـ ـ ـ ـ ـ ـ ـ ـ ـ ـ ـ ـ ـ ـ ـ ـ ـ ـ ـ ـ ـ ـ ـ ـ ـ ـ ـ ـ ـ ـ ـ ـ ـ ـ ـ ـ ـ ـ ـ ـ ـ ـ ـ ـ ـ ـ ـ ـ ـ ـ ـ ـ ـ ـ ـ ـ ـ ـ ـ ـ ـ ـ ـ ـ ـ ـ ـ ـ ـ ـ ـ ـ ـ ـ ـ ـ ـ ـ ـ ـ ـ ـ ـ ـ ـ ـ ـ ـ ـ ـ ـ ـ ـ ـ ـ ـ ـ ـ ـ ـ ـ ـ ـ ـ ـ ـ ـ ـ ـ ـ ـ ـ ـ ـ ـ ـ ـ ـ ـ ـ ـ ـ ـ ـ ـ ـ ـ ـ ـ ـ ـ ـ ـ ـ ـ ـ ـ ـ ـ ـ ـ ـ ـ ـ ـ ـ ـ ـ ـ ـ ـ ـ ـ ـ ـ ـ ـ ـ ـ ـ ـ ـ ـ ـ ـ ـ ـ ـ ـ ـ ـ ـ ـ ـ ـ ـ ـ ـ ـ ـ ـ ـ ـ ـ ـ ـ ـ ـ ـ ـ ـ ـ ـ ـ ـ ـ ـ ـ ـ ـ ـ ـ ـ ـ ـ ـ ـ ـ ـ ـ ـ ـ ـ ـ ـ ـ ـ ـ ـ ـ ـ ـ ـ ـ ـ ـ ـ ـ ـ ـ ـ ـ ـ ـ ـ ـ ـ ـ ـ ـ ـ ـ ـ ـ ـ ـ ـ ـ ـ ـ ـ ـ ـ ـ ـ ـ ـ ـ ـ ـ ـ ـ ـ ـ ـ ـ ـ ـ ـ ـ ـ ـ ـ ـ ـ ـ ـ ـ ـ ـ ـ ـ ـ ـ ـ ـ ـ ـ ـ ـ ـ ـ ـ ـ ـ ـ ـ ـ ـ ـ ـ ـ ـ ـ ـ ـ ـ ـ ـ ـ ـ ـ ـ ـ ـ ـ ـ ـ ـ ـ ـ ـ ـ ـ ـ ـ ـ ـ ـ ـ ـ ـ ـ ـ ـ ـ ـ ـ ـ ـ ـ ـ ـ ـ ـ ـ ـ ـ ـ ـ ـ ـ ـ ـ ـ ـ ـ ـ ـ ـ ـ ـ ـ ـ ـ ـ ـ ـ ـ ـ ـ ـ ـ ـ ـ ـ ـ ـ ـ ـ ـ ـ ـ ـ ـ ـ ـ ـ ـ ـ ـ ـ ـ ـ ـ ـ ـ ـ ـ ـ ـ ـ ـ ـ ـ ـ ـ ـ ـ ـ ـ ـ ـ ـ ـ ـ ـ ـ ـ ـ ـ ـ ـ ـ ـ ـ ـ ـ ـ ـ ـ ـ ـ ـ ـ ـ ـ ـ ـ ـ ـ ـ ـ ـ ـ ـ ـ ـ ـ ـ ـ ـ ـ ـ ـ ـ ـ ـ ـ ـ ـ ـ ـ ـ ـ ـ ـ ـ ـ ـ ـ ـ ـ ـ ـ ـ ـ ـ ـ ـ ـ ـ ـ ـ ـ ـ ـ ـ ـ ـ ـ ـ ـ ـ ـ ـ ـ ـ ـ ـ ـ ـ ـ ـ ـ ـ ـ ـ ـ ـ ـ ـ ـ ـ ـ ـ ـ ـ ـ ـ ـ ـ ـ ـ ـ ـ ـ ـ ـ ـ ـ ـ ـ ـ ـ ـ ـ ـ ـ ـ ـ ـ ـ ـ ـ ـ ـ ـ ـ ـ ـ ـ ـ ـ ـ ـ ـ ـ ـ ـ ـ ـ ـ ـ ـ ـ ـ ـ ـ ـ ـ ـ ـ ـ ـ ـ ـ ـ ـ ـ ـ ـ ـ ـ ـ ـ ـ ـ ـ ـ ـ ـ ـ ـ ـ ـ ـ ـ ـ ـ ـ ـ ـ ـ ـ ـ ـ ـ ـ ـ ـ ـ ـ ـ ـ ـ ـ ـ ـ ـ ـ ـ ـ ـ ـ ـ ـ ـ ـ ـ ـ ـ ـ ـ ـ ـ ـ ـ ـ ـ ـ ـ ـ ـ ـ ـ ـ ـ ـ ـ ـ ـ ـ ـ ـ ـ ـ ـ ـ ـ ـ ـ ـ ـ ـ ـ ـ ـ ـ ـ ـ ـ ـ ـ ـ ـ ـ ـ ـ ـ ـ ـ ـ ـ ـ ـ ـ ـ ـ ـ ـ ـ ـ ـ ـ ـ ـ ـ ـ ـ ـ ـ ـ ـ ـ ـ ـ ـ ـ ـ ـ ـ ـ ـ ـ ـ ـ ـ ـ ـ ـ ـ ـ ـ ـ ـ ـ ـ ـ ـ ـ ـ ـ ـ ـ ـ ـ ـ ـ ـ ـ ـ ـ ـ ـ ـ ـ ـ ـ ـ ـ ـ ـ ـ ـ ـ ـ ـ ـ ـ ـ ـ ـ ـ ـ ـ ـ ـ ـ ـ ـ ـ ـ ـ ـ ـ ـ ـ ـ ـ ـ ـ ـ ـ ـ ـ ـ ـ ـ ـ ـ ـ ـ ـ ـ ـ ـ ـ ـ ـ ـ ـ ـ ـ ـ ـ ـ ـ ـ ـ ـ ـ ـ ـ ـ ـ ـ ـ ـ ـ ـ ـ ـ ـ ـ ـ ـ ـ ـ ـ ـ ـ ـ ـ ـ ـ ـ ـ ـ ـ
ـ ـ ـ ـ ـ ـ ـ ـ ـ ـ ـ ـ ـ ـ ـ ـ ـ ـ ـ ـ ـ ـ ـ ـ ـ ـ ـ ـ ـ ـ ـ ـ ـ ـ ـ ـ ـ ـ ـ ـ ـ ـ ـ ـ ـ ـ ـ ـ ـ ـ ـ ـ ـ ـ ـ ـ ـ ـ ـ ـ ـ ـ ـ ـ ـ ـ ـ ـ ـ ـ ـ ـ ـ ـ ـ ـ ـ ـ ـ ـ ـ ـ ـ ـ ـ ـ ـ ـ ـ ـ ـ ـ ـ ـ ـ ـ ـ ـ ـ ـ ـ ـ ـ ـ ـ ـ ـ ـ ـ ـ ـ ـ ـ ـ ـ ـ ـ ـ ـ ـ ـ ـ ـ ـ ـ ـ ـ ـ ـ ـ ـ ـ ـ ـ ـ ـ ـ ـ ـ ـ ـ ـ ـ ـ ـ ـ ـ ـ ـ ـ ـ ـ ـ ـ ـ ـ ـ ـ ـ ـ ـ ـ ـ ـ ـ ـ ـ ـ ـ ـ ـ ـ ـ ـ ـ ـ ـ ـ ـ ـ ـ ـ ـ ـ ـ ـ ـ ـ ـ ـ ـ ـ ـ ـ ـ ـ ـ ـ ـ ـ ـ ـ ـ ـ ـ ـ ـ ـ ـ ـ ـ ـ ـ ـ ـ ـ ـ ـ ـ ـ ـ ـ ـ ـ ـ ـ ـ ـ ـ ـ ـ ـ ـ ـ ـ ـ ـ ـ ـ ـ ـ ـ ـ ـ ـ ـ ـ ـ ـ ـ ـ ـ ـ ـ ـ ـ ـ ـ ـ ـ ـ ـ ـ ـ ـ ـ ـ ـ ـ ـ ـ ـ ـ ـ ـ ـ ـ ـ ـ ـ ـ ـ ـ ـ ـ ـ ـ ـ ـ ـ ـ ـ ـ ـ ـ ـ ـ ـ ـ ـ ـ ـ ـ ـ ـ ـ ـ ـ ـ ـ ـ ـ ـ ـ ـ ـ ـ ـ ـ ـ ـ ـ ـ ـ ـ ـ ـ ـ ـ ـ ـ ـ ـ ـ ـ ـ ـ ـ ـ ـ ـ ـ ـ ـ ـ ـ ـ ـ ـ ـ ـ ـ ـ ـ ـ ـ ـ ـ ـ ـ ـ ـ ـ ـ ـ ـ ـ ـ ـ ـ ـ ـ ـ ـ ـ ـ ـ ـ ـ ـ ـ ـ ـ ـ ـ ـ ـ ـ ـ ـ ـ ـ ـ ـ ـ ـ ـ ـ ـ ـ ـ ـ ـ ـ ـ ـ ـ ـ ـ ـ ـ ـ ـ ـ ـ ـ ـ ـ ـ ـ ـ ـ ـ ـ ـ ـ ـ ـ ـ ـ ـ ـ ـ ـ ـ ـ ـ ـ ـ ـ ـ ـ ـ ـ ـ ـ ـ ـ ـ ـ ـ ـ ـ ـ ـ ـ ـ ـ ـ ـ ـ ـ ـ ـ ـ ـ ـ ـ ـ ـ ـ ـ ـ ـ ـ ـ ـ ـ ـ ـ ـ ـ ـ ـ ـ ـ ـ ـ ـ ـ ـ ـ ـ ـ ـ ـ ـ ـ ـ ـ ـ ـ ـ ـ ـ ـ ـ ـ ـ ـ ـ ـ ـ ـ ـ ـ ـ ـ ـ ـ ـ ـ ـ ـ ـ ـ ـ ـ ـ ـ ـ ـ ـ ـ ـ ـ ـ ـ ـ ـ ـ ـ ـ ـ ـ ـ ـ ـ ـ ـ ـ ـ ـ ـ ـ ـ ـ ـ ـ ـ ـ ـ ـ ـ ـ ـ ـ ـ ـ ـ ـ ـ ـ ـ ـ ـ ـ ـ ـ ـ ـ ـ ـ ـ ـ ـ ـ ـ ـ ـ ـ ـ ـ ـ ـ ـ ـ ـ ـ ـ ـ ـ ـ ـ ـ ـ ـ ـ ـ ـ ـ ـ ـ ـ ـ ـ ـ ـ ـ ـ ـ ـ ـ ـ ـ ـ ـ ـ ـ ـ ـ ـ ـ ـ ـ ـ ـ ـ ـ ـ ـ ـ ـ ـ ـ ـ ـ ـ ـ ـ ـ ـ ـ ـ ـ ـ ـ ـ ـ ـ ـ ـ ـ ـ ـ ـ ـ ـ ـ ـ ـ ـ ـ ـ ـ ـ ـ ـ ـ ـ ـ ـ ـ ـ ـ ـ ـ ـ ـ ـ ـ ـ ـ ـ ـ ـ ـ ـ ـ ـ ـ ـ ـ ـ ـ ـ ـ ـ ـ ـ ـ ـ ـ ـ ـ ـ ـ ـ ـ ـ ـ ـ ـ ـ ـ ـ ـ ـ ـ ـ ـ ـ ـ ـ ـ ـ ـ ـ ـ ـ ـ ـ ـ ـ ـ ـ ـ ـ ـ ـ ـ ـ ـ ـ ـ ـ ـ ـ ـ ـ ـ ـ ـ ـ ـ ـ ـ ـ ـ ـ ـ ـ ـ ـ ـ ـ ـ ـ ـ ـ ـ ـ ـ ـ ـ ـ ـ ـ ـ ـ ـ ـ ـ ـ ـ ـ ـ ـ ـ ـ ـ ـ ـ ـ ـ ـ ـ ـ ـ ـ ـ ـ ـ ـ ـ ـ ـ ـ ـ ـ ـ ـ ـ ـ ـ ـ ـ ـ ـ ـ ـ ـ ـ ـ ـ ـ ـ ـ ـ ـ ـ ـ ـ ـ ـ ـ ـ ـ ـ ـ ـ ـ ـ ـ ـ ـ ـ ـ ـ ـ ـ ـ ـ ـ ـ ـ ـ ـ ـ ـ ـ ـ ـ ـ ـ ـ ـ ـ ـ ـ ـ ـ ـ ـ ـ ـ ـ ـ ـ ـ ـ ـ ـ ـ ـ ـ ـ ـ ـ ـ ـ ـ ـ ـ ـ ـ ـ ـ ـ ـ ـ ـ ـ ـ ـ ـ ـ ـ ـ ـ ـ ـ ـ ـ ـ ـ ـ ـ ـ ـ ـ ـ ـ ـ ـ ـ ـ ـ ـ ـ ـ ـ ـ ـ ـ ـ ـ ـ ـ ـ ـ ـ ـ ـ ـ ـ ـ ـ ـ ـ ـ ـ ـ ـ ـ ـ ـ ـ ـ ـ ـ ـ ـ ـ ـ ـ ـ ـ ـ ـ ـ ـ ـ ـ ـ ـ ـ ـ ـ ـ ـ ـ ـ ـ ـ ـ ـ ـ ـ ـ ـ ـ ـ ـ ـ ـ ـ ـ ـ ـ ـ ـ ـ ـ ـ ـ ـ ـ ـ ـ ـ ـ ـ ـ ـ ـ ـ ـ ـ ـ ـ ـ ـ ـ ـ ـ ـ ـ ـ ـ ـ ـ ـ ـ ـ ـ ـ ـ ـ ـ ـ ـ ـ ـ ـ ـ ـ ـ ـ ـ ـ ـ ـ ـ ـ ـ ـ ـ ـ ـ ـ ـ ـ ـ ـ ـ ـ ـ ـ ـ ـ ـ ـ ـ ـ ـ ـ ـ ـ ـ ـ ـ ـ ـ ـ ـ ـ ـ ـ ـ ـ ـ ـ ـ ـ ـ ـ ـ ـ ـ ـ ـ ـ ـ ـ ـ ـ ـ ـ ـ ـ ـ ـ ـ ـ ـ ـ ـ ـ ـ ـ ـ ـ ـ ـ ـ ـ ـ ـ ـ ـ ـ ـ ـ ـ ـ ـ ـ ـ ـ ـ ـ ـ ـ ـ ـ ـ ـ ـ ـ ـ ـ ـ ـ ـ ـ ـ ـ ـ ـ ـ ـ ـ ـ ـ ـ ـ ـ ـ ـ ـ ـ ـ ـ ـ ـ ـ ـ ـ ـ ـ ـ ـ ـ ـ ـ ـ ـ ـ ـ ـ ـ ـ ـ ـ ـ ـ ـ ـ ـ ـ ـ ـ ـ ـ ـ ـ ـ ـ ـ ـ ـ ـ ـ ـ ـ ـ ـ ـ ـ ـ ـ ـ ـ ـ ـ ـ ـ ـ ـ ـ ـ ـ ـ ـ ـ ـ ـ ـ ـ ـ ـ ـ ـ ـ ـ ـ ـ ـ ـ ـ ـ ـ ـ ـ ـ ـ ـ ـ ـ ـ ـ ـ ـ ـ ـ ـ ـ ـ ـ ـ ـ ـ ـ ـ ـ ـ ـ ـ ـ ـ ـ ـ ـ ـ ـ ـ ـ ـ ـ ـ ـ ـ ـ ـ ـ ـ ـ ـ ـ ـ ـ ـ ـ ـ ـ ـ ـ ـ ـ ـ ـ ـ ـ ـ ـ ـ ـ ـ ـ ـ ـ ـ ـ ـ ـ ـ ـ ـ ـ ـ ـ ـ ـ ـ ـ ـ ـ ـ ـ ـ ـ ـ ـ ـ ـ ـ ـ ـ ـ ـ ـ ـ ـ ـ ـ ـ ـ ـ ـ ـ ـ ـ ـ ـ ـ ـ ـ ـ ـ ـ ـ ـ ـ ـ ـ ـ ـ ـ ـ ـ ـ ـ ـ ـ ـ ـ ـ ـ ـ ـ ـ ـ ـ ـ ـ ـ ـ ـ ـ ـ ـ ـ ـ ـ ـ ـ ـ ـ ـ ـ ـ ـ ـ ـ ـ ـ ـ ـ ـ ـ ـ ـ ـ ـ ـ ـ ـ ـ ـ ـ ـ ـ ـ ـ ـ ـ ـ ـ ـ ـ ـ ـ ـ ـ ـ ـ ـ ـ ـ ـ ـ ـ ـ ـ ـ ـ ـ ـ ـ ـ ـ ـ ـ ـ ـ ـ ـ ـ ـ ـ ـ ـ ـ ـ ـ ـ ـ ـ ـ ـ ـ ـ ـ ـ ـ ـ ـ ـ ـ ـ ـ ـ ـ ـ ـ ـ ـ ـ ـ ـ ـ ـ ـ ـ ـ ـ ـ ـ ـ ـ ـ ـ ـ ـ ـ ـ ـ ـ ـ ـ ـ ـ ـ ـ ـ ـ ـ ـ ـ ـ ـ ـ ـ ـ ـ ـ ـ ـ ـ ـ ـ ـ ـ ـ ـ ـ ـ ـ ـ ـ ـ ـ ـ ـ ـ ـ ـ ـ ـ ـ ـ ـ ـ ـ ـ ـ ـ ـ ـ ـ ـ ـ ـ ـ ـ ـ ـ ـ ـ ـ ـ ـ ـ ـ ـ ـ ـ ـ ـ ـ ـ ـ ـ ـ ـ ـ ـ ـ ـ ـ ـ ـ ـ ـ ـ ـ ـ ـ ـ ـ ـ ـ ـ ـ ـ ـ ـ ـ ـ ـ ـ ـ ـ ـ ـ ـ ـ ـ ـ ـ ـ ـ ـ ـ ـ ـ ـ ـ ـ ـ ـ ـ ـ ـ ـ ـ ـ ـ ـ ـ ـ ـ ـ ـ ـ ـ ـ ـ ـ ـ ـ ـ ـ ـ ـ ـ ـ ـ ـ ـ ـ ـ ـ ـ ـ ـ ـ ـ ـ ـ ـ ـ ـ ـ ـ ـ ـ ـ ـ ـ ـ ـ ـ ـ ـ ـ ـ ـ ـ ـ ـ ـ ـ ـ ـ ـ ـ ـ ـ ـ ـ ـ ـ ـ ـ ـ ـ ـ ـ ـ ـ ـ ـ ـ ـ ـ ـ ـ ـ ـ ـ ـ ـ ـ ـ ـ ـ ـ ـ ـ ـ ـ ـ ـ ـ ـ ـ ـ ـ ـ ـ ـ ـ ـ ـ ـ ـ ـ ـ ـ ـ ـ ـ ـ ـ ـ ـ ـ ـ ـ ـ ـ ـ ـ ـ ـ ـ ـ ـ ـ ـ ـ ـ ـ ـ ـ ـ ـ ـ ـ ـ ـ ـ ـ ـ ـ ـ ـ ـ ـ ـ ـ ـ ـ ـ ـ ـ ـ ـ ـ ـ ـ ـ ـ ـ ـ ـ ـ ـ ـ ـ ـ ـ ـ ـ ـ ـ ـ ـ ـ ـ ـ ـ ـ ـ ـ ـ ـ ـ ـ ـ ـ ـ ـ ـ ـ ـ ـ ـ ـ ـ ـ ـ ـ ـ ـ ـ ـ ـ ـ ـ ـ ـ ـ ـ ـ ـ ـ ـ ـ ـ ـ ـ ـ ـ ـ ـ ـ ـ ـ ـ ـ ـ ـ ـ ـ ـ ـ ـ ـ ـ ـ ـ ـ ـ ـ ـ ـ ـ ـ ـ ـ ـ ـ ـ ـ ـ ـ ـ ـ ـ ـ ـ ـ ـ ـ ـ ـ ـ ـ ـ ـ ـ ـ ـ ـ ـ ـ ـ ـ ـ ـ ـ ـ ـ ـ ـ ـ ـ ـ ـ ـ ـ ـ ـ ـ ـ ـ ـ ـ ـ ـ ـ ـ ـ ـ ـ ـ ـ ـ ـ ـ ـ ـ ـ ـ ـ ـ ـ ـ ـ ـ ـ ـ ـ ـ ـ ـ ـ ـ ـ ـ ـ ـ ـ ـ ـ ـ ـ ـ ـ ـ ـ ـ ـ ـ ـ ـ ـ ـ ـ ـ ـ ـ ـ ـ ـ ـ ـ ـ ـ ـ ـ ـ ـ ـ ـ ـ ـ ـ ـ ـ ـ ـ ـ ـ ـ ـ ـ ـ ـ ـ ـ ـ ـ ـ ـ ـ ـ ـ ـ ـ ـ ـ ـ ـ ـ ـ ـ ـ ـ ـ ـ ـ ـ ـ ـ ـ ـ ـ ـ ـ ـ ـ ـ ـ ـ ـ ـ
